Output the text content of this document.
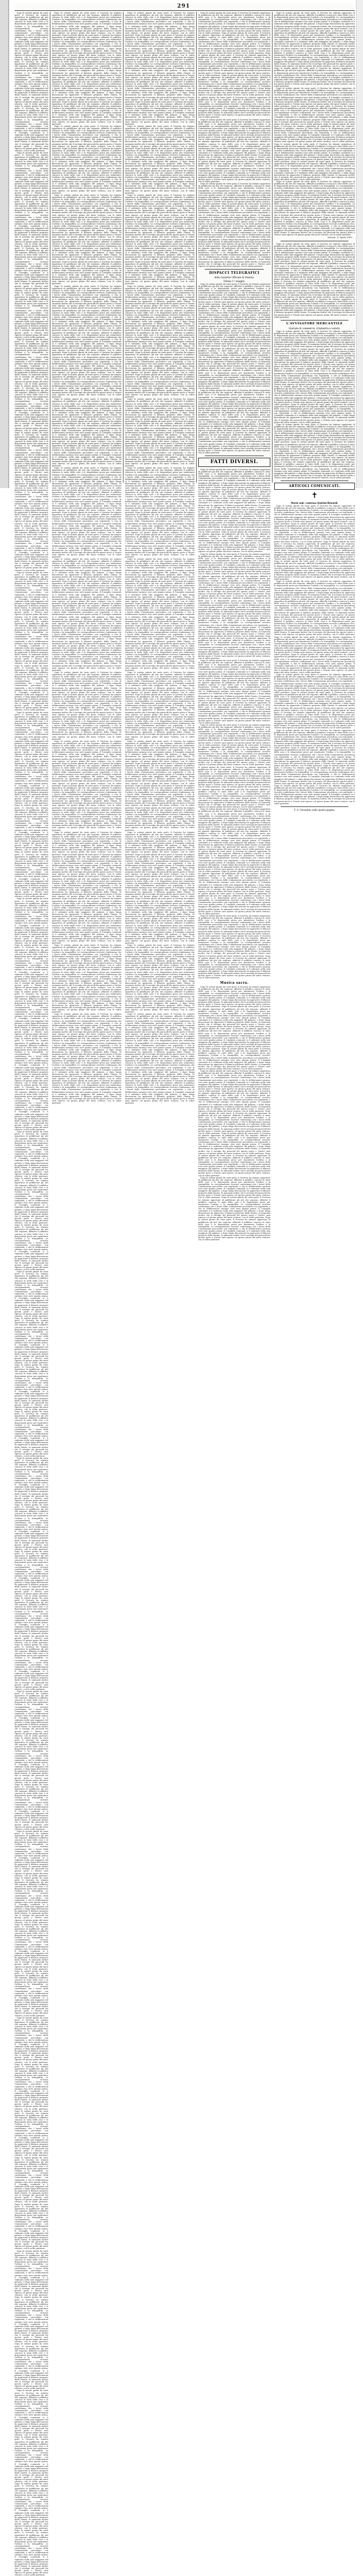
291

Dopo le notizie giunte da varie parti, il Governo ha stimato opportuno di pubblicare gli atti che seguono, affinchè il pubblico conosca lo stato delle cose e le disposizioni prese per mantenere l'ordine e la tranquillità. Le corrispondenze ricevute confermano che i lavori della Commissione procedono con regolarità, e che le deliberazioni saranno rese note quanto prima. Il Consiglio comunale si è radunato nella sala maggiore del palazzo, e dopo lunga discussione ha approvato il bilancio proposto dalla Giunta. Si annunzia inoltre che il servigio dei piroscafi fra questo porto e Trieste sarà ripreso col giorno primo del mese venturo, con le solite partenze. Dopo le notizie giunte da varie parti, il Governo ha stimato opportuno di pubblicare gli atti che seguono, affinchè il pubblico conosca lo stato delle cose e le disposizioni prese per mantenere l'ordine e la tranquillità. Le corrispondenze ricevute confermano che i lavori della Commissione procedono con regolarità, e che le deliberazioni saranno rese note quanto prima. Il Consiglio comunale si è radunato nella sala maggiore del palazzo, e dopo lunga discussione ha approvato il bilancio proposto dalla Giunta. Si annunzia inoltre che il servigio dei piroscafi fra questo porto e Trieste sarà ripreso col giorno primo del mese venturo, con le solite partenze. Dopo le notizie giunte da varie parti, il Governo ha stimato opportuno di pubblicare gli atti che seguono, affinchè il pubblico conosca lo stato delle cose e le disposizioni prese per mantenere l'ordine e la tranquillità. Le corrispondenze ricevute confermano che i lavori della Commissione procedono con regolarità, e che le deliberazioni saranno rese note quanto prima. Il Consiglio comunale si è radunato nella sala maggiore del palazzo, e dopo lunga discussione ha approvato il bilancio proposto dalla Giunta. Si annunzia inoltre che il servigio dei piroscafi fra questo porto e Trieste sarà ripreso col giorno primo del mese venturo, con le solite partenze.

Dopo le notizie giunte da varie parti, il Governo ha stimato opportuno di pubblicare gli atti che seguono, affinchè il pubblico conosca lo stato delle cose e le disposizioni prese per mantenere l'ordine e la tranquillità. Le corrispondenze ricevute confermano che i lavori della Commissione procedono con regolarità, e che le deliberazioni saranno rese note quanto prima. Il Consiglio comunale si è radunato nella sala maggiore del palazzo, e dopo lunga discussione ha approvato il bilancio proposto dalla Giunta. Si annunzia inoltre che il servigio dei piroscafi fra questo porto e Trieste sarà ripreso col giorno primo del mese venturo, con le solite partenze. Dopo le notizie giunte da varie parti, il Governo ha stimato opportuno di pubblicare gli atti che seguono, affinchè il pubblico conosca lo stato delle cose e le disposizioni prese per mantenere l'ordine e la tranquillità. Le corrispondenze ricevute confermano che i lavori della Commissione procedono con regolarità, e che le deliberazioni saranno rese note quanto prima. Il Consiglio comunale si è radunato nella sala maggiore del palazzo, e dopo lunga discussione ha approvato il bilancio proposto dalla Giunta. Si annunzia inoltre che il servigio dei piroscafi fra questo porto e Trieste sarà ripreso col giorno primo del mese venturo, con le solite partenze. Dopo le notizie giunte da varie parti, il Governo ha stimato opportuno di pubblicare gli atti che seguono, affinchè il pubblico conosca lo stato delle cose e le disposizioni prese per mantenere l'ordine e la tranquillità. Le corrispondenze ricevute confermano che i lavori della Commissione procedono con regolarità, e che le deliberazioni saranno rese note quanto prima. Il Consiglio comunale si è radunato nella sala maggiore del palazzo, e dopo lunga discussione ha approvato il bilancio proposto dalla Giunta. Si annunzia inoltre che il servigio dei piroscafi fra questo porto e Trieste sarà ripreso col giorno primo del mese venturo, con le solite partenze. Dopo le notizie giunte da varie parti, il Governo ha stimato opportuno di pubblicare gli atti che seguono, affinchè il pubblico conosca lo stato delle cose e le disposizioni prese per mantenere l'ordine e la tranquillità. Le corrispondenze ricevute confermano che i lavori della Commissione procedono con regolarità, e che le deliberazioni saranno rese note quanto prima. Il Consiglio comunale si è radunato nella sala maggiore del palazzo, e dopo lunga discussione ha approvato il bilancio proposto dalla Giunta. Si annunzia inoltre che il servigio dei piroscafi fra questo porto e Trieste sarà ripreso col giorno primo del mese venturo, con le solite partenze.

Dopo le notizie giunte da varie parti, il Governo ha stimato opportuno di pubblicare gli atti che seguono, affinchè il pubblico conosca lo stato delle cose e le disposizioni prese per mantenere l'ordine e la tranquillità. Le corrispondenze ricevute confermano che i lavori della Commissione procedono con regolarità, e che le deliberazioni saranno rese note quanto prima. Il Consiglio comunale si è radunato nella sala maggiore del palazzo, e dopo lunga discussione ha approvato il bilancio proposto dalla Giunta. Si annunzia inoltre che il servigio dei piroscafi fra questo porto e Trieste sarà ripreso col giorno primo del mese venturo, con le solite partenze. Dopo le notizie giunte da varie parti, il Governo ha stimato opportuno di pubblicare gli atti che seguono, affinchè il pubblico conosca lo stato delle cose e le disposizioni prese per mantenere l'ordine e la tranquillità. Le corrispondenze ricevute confermano che i lavori della Commissione procedono con regolarità, e che le deliberazioni saranno rese note quanto prima. Il Consiglio comunale si è radunato nella sala maggiore del palazzo, e dopo lunga discussione ha approvato il bilancio proposto dalla Giunta. Si annunzia inoltre che il servigio dei piroscafi fra questo porto e Trieste sarà ripreso col giorno primo del mese venturo, con le solite partenze. Dopo le notizie giunte da varie parti, il Governo ha stimato opportuno di pubblicare gli atti che seguono, affinchè il pubblico conosca lo stato delle cose e le disposizioni prese per mantenere l'ordine e la tranquillità. Le corrispondenze ricevute confermano che i lavori della Commissione procedono con regolarità, e che le deliberazioni saranno rese note quanto prima. Il Consiglio comunale si è radunato nella sala maggiore del palazzo, e dopo lunga discussione ha approvato il bilancio proposto dalla Giunta. Si annunzia inoltre che il servigio dei piroscafi fra questo porto e Trieste sarà ripreso col giorno primo del mese venturo, con le solite partenze. Dopo le notizie giunte da varie parti, il Governo ha stimato opportuno di pubblicare gli atti che seguono, affinchè il pubblico conosca lo stato delle cose e le disposizioni prese per mantenere l'ordine e la tranquillità. Le corrispondenze ricevute confermano che i lavori della Commissione procedono con regolarità, e che le deliberazioni saranno rese note quanto prima. Il Consiglio comunale si è radunato nella sala maggiore del palazzo, e dopo lunga discussione ha approvato il bilancio proposto dalla Giunta. Si annunzia inoltre che il servigio dei piroscafi fra questo porto e Trieste sarà ripreso col giorno primo del mese venturo, con le solite partenze. Dopo le notizie giunte da varie parti, il Governo ha stimato opportuno di pubblicare gli atti che seguono, affinchè il pubblico conosca lo stato delle cose e le disposizioni prese per mantenere l'ordine e la tranquillità. Le corrispondenze ricevute confermano che i lavori della Commissione procedono con regolarità, e che le deliberazioni saranno rese note quanto prima. Il Consiglio comunale si è radunato nella sala maggiore del palazzo, e dopo lunga discussione ha approvato il bilancio proposto dalla Giunta. Si annunzia inoltre che il servigio dei piroscafi fra questo porto e Trieste sarà ripreso col giorno primo del mese venturo, con le solite partenze.

Dopo le notizie giunte da varie parti, il Governo ha stimato opportuno di pubblicare gli atti che seguono, affinchè il pubblico conosca lo stato delle cose e le disposizioni prese per mantenere l'ordine e la tranquillità. Le corrispondenze ricevute confermano che i lavori della Commissione procedono con regolarità, e che le deliberazioni saranno rese note quanto prima. Il Consiglio comunale si è radunato nella sala maggiore del palazzo, e dopo lunga discussione ha approvato il bilancio proposto dalla Giunta. Si annunzia inoltre che il servigio dei piroscafi fra questo porto e Trieste sarà ripreso col giorno primo del mese venturo, con le solite partenze. Dopo le notizie giunte da varie parti, il Governo ha stimato opportuno di pubblicare gli atti che seguono, affinchè il pubblico conosca lo stato delle cose e le disposizioni prese per mantenere l'ordine e la tranquillità. Le corrispondenze ricevute confermano che i lavori della Commissione procedono con regolarità, e che le deliberazioni saranno rese note quanto prima. Il Consiglio comunale si è radunato nella sala maggiore del palazzo, e dopo lunga discussione ha approvato il bilancio proposto dalla Giunta. Si annunzia inoltre che il servigio dei piroscafi fra questo porto e Trieste sarà ripreso col giorno primo del mese venturo, con le solite partenze. Dopo le notizie giunte da varie parti, il Governo ha stimato opportuno di pubblicare gli atti che seguono, affinchè il pubblico conosca lo stato delle cose e le disposizioni prese per mantenere l'ordine e la tranquillità. Le corrispondenze ricevute confermano che i lavori della Commissione procedono con regolarità, e che le deliberazioni saranno rese note quanto prima. Il Consiglio comunale si è radunato nella sala maggiore del palazzo, e dopo lunga discussione ha approvato il bilancio proposto dalla Giunta. Si annunzia inoltre che il servigio dei piroscafi fra questo porto e Trieste sarà ripreso col giorno primo del mese venturo, con le solite partenze.

Dopo le notizie giunte da varie parti, il Governo ha stimato opportuno di pubblicare gli atti che seguono, affinchè il pubblico conosca lo stato delle cose e le disposizioni prese per mantenere l'ordine e la tranquillità. Le corrispondenze ricevute confermano che i lavori della Commissione procedono con regolarità, e che le deliberazioni saranno rese note quanto prima. Il Consiglio comunale si è radunato nella sala maggiore del palazzo, e dopo lunga discussione ha approvato il bilancio proposto dalla Giunta. Si annunzia inoltre che il servigio dei piroscafi fra questo porto e Trieste sarà ripreso col giorno primo del mese venturo, con le solite partenze. Dopo le notizie giunte da varie parti, il Governo ha stimato opportuno di pubblicare gli atti che seguono, affinchè il pubblico conosca lo stato delle cose e le disposizioni prese per mantenere l'ordine e la tranquillità. Le corrispondenze ricevute confermano che i lavori della Commissione procedono con regolarità, e che le deliberazioni saranno rese note quanto prima. Il Consiglio comunale si è radunato nella sala maggiore del palazzo, e dopo lunga discussione ha approvato il bilancio proposto dalla Giunta. Si annunzia inoltre che il servigio dei piroscafi fra questo porto e Trieste sarà ripreso col giorno primo del mese venturo, con le solite partenze. Dopo le notizie giunte da varie parti, il Governo ha stimato opportuno di pubblicare gli atti che seguono, affinchè il pubblico conosca lo stato delle cose e le disposizioni prese per mantenere l'ordine e la tranquillità. Le corrispondenze ricevute confermano che i lavori della Commissione procedono con regolarità, e che le deliberazioni saranno rese note quanto prima. Il Consiglio comunale si è radunato nella sala maggiore del palazzo, e dopo lunga discussione ha approvato il bilancio proposto dalla Giunta. Si annunzia inoltre che il servigio dei piroscafi fra questo porto e Trieste sarà ripreso col giorno primo del mese venturo, con le solite partenze. Dopo le notizie giunte da varie parti, il Governo ha stimato opportuno di pubblicare gli atti che seguono, affinchè il pubblico conosca lo stato delle cose e le disposizioni prese per mantenere l'ordine e la tranquillità. Le corrispondenze ricevute confermano che i lavori della Commissione procedono con regolarità, e che le deliberazioni saranno rese note quanto prima. Il Consiglio comunale si è radunato nella sala maggiore del palazzo, e dopo lunga discussione ha approvato il bilancio proposto dalla Giunta. Si annunzia inoltre che il servigio dei piroscafi fra questo porto e Trieste sarà ripreso col giorno primo del mese venturo, con le solite partenze.

Dopo le notizie giunte da varie parti, il Governo ha stimato opportuno di pubblicare gli atti che seguono, affinchè il pubblico conosca lo stato delle cose e le disposizioni prese per mantenere l'ordine e la tranquillità. Le corrispondenze ricevute confermano che i lavori della Commissione procedono con regolarità, e che le deliberazioni saranno rese note quanto prima. Il Consiglio comunale si è radunato nella sala maggiore del palazzo, e dopo lunga discussione ha approvato il bilancio proposto dalla Giunta. Si annunzia inoltre che il servigio dei piroscafi fra questo porto e Trieste sarà ripreso col giorno primo del mese venturo, con le solite partenze. Dopo le notizie giunte da varie parti, il Governo ha stimato opportuno di pubblicare gli atti che seguono, affinchè il pubblico conosca lo stato delle cose e le disposizioni prese per mantenere l'ordine e la tranquillità. Le corrispondenze ricevute confermano che i lavori della Commissione procedono con regolarità, e che le deliberazioni saranno rese note quanto prima. Il Consiglio comunale si è radunato nella sala maggiore del palazzo, e dopo lunga discussione ha approvato il bilancio proposto dalla Giunta. Si annunzia inoltre che il servigio dei piroscafi fra questo porto e Trieste sarà ripreso col giorno primo del mese venturo, con le solite partenze. Dopo le notizie giunte da varie parti, il Governo ha stimato opportuno di pubblicare gli atti che seguono, affinchè il pubblico conosca lo stato delle cose e le disposizioni prese per mantenere l'ordine e la tranquillità. Le corrispondenze ricevute confermano che i lavori della Commissione procedono con regolarità, e che le deliberazioni saranno rese note quanto prima. Il Consiglio comunale si è radunato nella sala maggiore del palazzo, e dopo lunga discussione ha approvato il bilancio proposto dalla Giunta. Si annunzia inoltre che il servigio dei piroscafi fra questo porto e Trieste sarà ripreso col giorno primo del mese venturo, con le solite partenze. Dopo le notizie giunte da varie parti, il Governo ha stimato opportuno di pubblicare gli atti che seguono, affinchè il pubblico conosca lo stato delle cose e le disposizioni prese per mantenere l'ordine e la tranquillità. Le corrispondenze ricevute confermano che i lavori della Commissione procedono con regolarità, e che le deliberazioni saranno rese note quanto prima. Il Consiglio comunale si è radunato nella sala maggiore del palazzo, e dopo lunga discussione ha approvato il bilancio proposto dalla Giunta. Si annunzia inoltre che il servigio dei piroscafi fra questo porto e Trieste sarà ripreso col giorno primo del mese venturo, con le solite partenze. Dopo le notizie giunte da varie parti, il Governo ha stimato opportuno di pubblicare gli atti che seguono, affinchè il pubblico conosca lo stato delle cose e le disposizioni prese per mantenere l'ordine e la tranquillità. Le corrispondenze ricevute confermano che i lavori della Commissione procedono con regolarità, e che le deliberazioni saranno rese note quanto prima. Il Consiglio comunale si è radunato nella sala maggiore del palazzo, e dopo lunga discussione ha approvato il bilancio proposto dalla Giunta. Si annunzia inoltre che il servigio dei piroscafi fra questo porto e Trieste sarà ripreso col giorno primo del mese venturo, con le solite partenze.

Dopo le notizie giunte da varie parti, il Governo ha stimato opportuno di pubblicare gli atti che seguono, affinchè il pubblico conosca lo stato delle cose e le disposizioni prese per mantenere l'ordine e la tranquillità. Le corrispondenze ricevute confermano che i lavori della Commissione procedono con regolarità, e che le deliberazioni saranno rese note quanto prima. Il Consiglio comunale si è radunato nella sala maggiore del palazzo, e dopo lunga discussione ha approvato il bilancio proposto dalla Giunta. Si annunzia inoltre che il servigio dei piroscafi fra questo porto e Trieste sarà ripreso col giorno primo del mese venturo, con le solite partenze. Dopo le notizie giunte da varie parti, il Governo ha stimato opportuno di pubblicare gli atti che seguono, affinchè il pubblico conosca lo stato delle cose e le disposizioni prese per mantenere l'ordine e la tranquillità. Le corrispondenze ricevute confermano che i lavori della Commissione procedono con regolarità, e che le deliberazioni saranno rese note quanto prima. Il Consiglio comunale si è radunato nella sala maggiore del palazzo, e dopo lunga discussione ha approvato il bilancio proposto dalla Giunta. Si annunzia inoltre che il servigio dei piroscafi fra questo porto e Trieste sarà ripreso col giorno primo del mese venturo, con le solite partenze. Dopo le notizie giunte da varie parti, il Governo ha stimato opportuno di pubblicare gli atti che seguono, affinchè il pubblico conosca lo stato delle cose e le disposizioni prese per mantenere l'ordine e la tranquillità. Le corrispondenze ricevute confermano che i lavori della Commissione procedono con regolarità, e che le deliberazioni saranno rese note quanto prima. Il Consiglio comunale si è radunato nella sala maggiore del palazzo, e dopo lunga discussione ha approvato il bilancio proposto dalla Giunta. Si annunzia inoltre che il servigio dei piroscafi fra questo porto e Trieste sarà ripreso col giorno primo del mese venturo, con le solite partenze.

Dopo le notizie giunte da varie parti, il Governo ha stimato opportuno di pubblicare gli atti che seguono, affinchè il pubblico conosca lo stato delle cose e le disposizioni prese per mantenere l'ordine e la tranquillità. Le corrispondenze ricevute confermano che i lavori della Commissione procedono con regolarità, e che le deliberazioni saranno rese note quanto prima. Il Consiglio comunale si è radunato nella sala maggiore del palazzo, e dopo lunga discussione ha approvato il bilancio proposto dalla Giunta. Si annunzia inoltre che il servigio dei piroscafi fra questo porto e Trieste sarà ripreso col giorno primo del mese venturo, con le solite partenze. Dopo le notizie giunte da varie parti, il Governo ha stimato opportuno di pubblicare gli atti che seguono, affinchè il pubblico conosca lo stato delle cose e le disposizioni prese per mantenere l'ordine e la tranquillità. Le corrispondenze ricevute confermano che i lavori della Commissione procedono con regolarità, e che le deliberazioni saranno rese note quanto prima. Il Consiglio comunale si è radunato nella sala maggiore del palazzo, e dopo lunga discussione ha approvato il bilancio proposto dalla Giunta. Si annunzia inoltre che il servigio dei piroscafi fra questo porto e Trieste sarà ripreso col giorno primo del mese venturo, con le solite partenze. Dopo le notizie giunte da varie parti, il Governo ha stimato opportuno di pubblicare gli atti che seguono, affinchè il pubblico conosca lo stato delle cose e le disposizioni prese per mantenere l'ordine e la tranquillità. Le corrispondenze ricevute confermano che i lavori della Commissione procedono con regolarità, e che le deliberazioni saranno rese note quanto prima. Il Consiglio comunale si è radunato nella sala maggiore del palazzo, e dopo lunga discussione ha approvato il bilancio proposto dalla Giunta. Si annunzia inoltre che il servigio dei piroscafi fra questo porto e Trieste sarà ripreso col giorno primo del mese venturo, con le solite partenze. Dopo le notizie giunte da varie parti, il Governo ha stimato opportuno di pubblicare gli atti che seguono, affinchè il pubblico conosca lo stato delle cose e le disposizioni prese per mantenere l'ordine e la tranquillità. Le corrispondenze ricevute confermano che i lavori della Commissione procedono con regolarità, e che le deliberazioni saranno rese note quanto prima. Il Consiglio comunale si è radunato nella sala maggiore del palazzo, e dopo lunga discussione ha approvato il bilancio proposto dalla Giunta. Si annunzia inoltre che il servigio dei piroscafi fra questo porto e Trieste sarà ripreso col giorno primo del mese venturo, con le solite partenze.

Dopo le notizie giunte da varie parti, il Governo ha stimato opportuno di pubblicare gli atti che seguono, affinchè il pubblico conosca lo stato delle cose e le disposizioni prese per mantenere l'ordine e la tranquillità. Le corrispondenze ricevute confermano che i lavori della Commissione procedono con regolarità, e che le deliberazioni saranno rese note quanto prima. Il Consiglio comunale si è radunato nella sala maggiore del palazzo, e dopo lunga discussione ha approvato il bilancio proposto dalla Giunta. Si annunzia inoltre che il servigio dei piroscafi fra questo porto e Trieste sarà ripreso col giorno primo del mese venturo, con le solite partenze. Dopo le notizie giunte da varie parti, il Governo ha stimato opportuno di pubblicare gli atti che seguono, affinchè il pubblico conosca lo stato delle cose e le disposizioni prese per mantenere l'ordine e la tranquillità. Le corrispondenze ricevute confermano che i lavori della Commissione procedono con regolarità, e che le deliberazioni saranno rese note quanto prima. Il Consiglio comunale si è radunato nella sala maggiore del palazzo, e dopo lunga discussione ha approvato il bilancio proposto dalla Giunta. Si annunzia inoltre che il servigio dei piroscafi fra questo porto e Trieste sarà ripreso col giorno primo del mese venturo, con le solite partenze. Dopo le notizie giunte da varie parti, il Governo ha stimato opportuno di pubblicare gli atti che seguono, affinchè il pubblico conosca lo stato delle cose e le disposizioni prese per mantenere l'ordine e la tranquillità. Le corrispondenze ricevute confermano che i lavori della Commissione procedono con regolarità, e che le deliberazioni saranno rese note quanto prima. Il Consiglio comunale si è radunato nella sala maggiore del palazzo, e dopo lunga discussione ha approvato il bilancio proposto dalla Giunta. Si annunzia inoltre che il servigio dei piroscafi fra questo porto e Trieste sarà ripreso col giorno primo del mese venturo, con le solite partenze. Dopo le notizie giunte da varie parti, il Governo ha stimato opportuno di pubblicare gli atti che seguono, affinchè il pubblico conosca lo stato delle cose e le disposizioni prese per mantenere l'ordine e la tranquillità. Le corrispondenze ricevute confermano che i lavori della Commissione procedono con regolarità, e che le deliberazioni saranno rese note quanto prima. Il Consiglio comunale si è radunato nella sala maggiore del palazzo, e dopo lunga discussione ha approvato il bilancio proposto dalla Giunta. Si annunzia inoltre che il servigio dei piroscafi fra questo porto e Trieste sarà ripreso col giorno primo del mese venturo, con le solite partenze. Dopo le notizie giunte da varie parti, il Governo ha stimato opportuno di pubblicare gli atti che seguono, affinchè il pubblico conosca lo stato delle cose e le disposizioni prese per mantenere l'ordine e la tranquillità. Le corrispondenze ricevute confermano che i lavori della Commissione procedono con regolarità, e che le deliberazioni saranno rese note quanto prima. Il Consiglio comunale si è radunato nella sala maggiore del palazzo, e dopo lunga discussione ha approvato il bilancio proposto dalla Giunta. Si annunzia inoltre che il servigio dei piroscafi fra questo porto e Trieste sarà ripreso col giorno primo del mese venturo, con le solite partenze.

Dopo le notizie giunte da varie parti, il Governo ha stimato opportuno di pubblicare gli atti che seguono, affinchè il pubblico conosca lo stato delle cose e le disposizioni prese per mantenere l'ordine e la tranquillità. Le corrispondenze ricevute confermano che i lavori della Commissione procedono con regolarità, e che le deliberazioni saranno rese note quanto prima. Il Consiglio comunale si è radunato nella sala maggiore del palazzo, e dopo lunga discussione ha approvato il bilancio proposto dalla Giunta. Si annunzia inoltre che il servigio dei piroscafi fra questo porto e Trieste sarà ripreso col giorno primo del mese venturo, con le solite partenze. Dopo le notizie giunte da varie parti, il Governo ha stimato opportuno di pubblicare gli atti che seguono, affinchè il pubblico conosca lo stato delle cose e le disposizioni prese per mantenere l'ordine e la tranquillità. Le corrispondenze ricevute confermano che i lavori della Commissione procedono con regolarità, e che le deliberazioni saranno rese note quanto prima. Il Consiglio comunale si è radunato nella sala maggiore del palazzo, e dopo lunga discussione ha approvato il bilancio proposto dalla Giunta. Si annunzia inoltre che il servigio dei piroscafi fra questo porto e Trieste sarà ripreso col giorno primo del mese venturo, con le solite partenze. Dopo le notizie giunte da varie parti, il Governo ha stimato opportuno di pubblicare gli atti che seguono, affinchè il pubblico conosca lo stato delle cose e le disposizioni prese per mantenere l'ordine e la tranquillità. Le corrispondenze ricevute confermano che i lavori della Commissione procedono con regolarità, e che le deliberazioni saranno rese note quanto prima. Il Consiglio comunale si è radunato nella sala maggiore del palazzo, e dopo lunga discussione ha approvato il bilancio proposto dalla Giunta. Si annunzia inoltre che il servigio dei piroscafi fra questo porto e Trieste sarà ripreso col giorno primo del mese venturo, con le solite partenze.

Dopo le notizie giunte da varie parti, il Governo ha stimato opportuno di pubblicare gli atti che seguono, affinchè il pubblico conosca lo stato delle cose e le disposizioni prese per mantenere l'ordine e la tranquillità. Le corrispondenze ricevute confermano che i lavori della Commissione procedono con regolarità, e che le deliberazioni saranno rese note quanto prima. Il Consiglio comunale si è radunato nella sala maggiore del palazzo, e dopo lunga discussione ha approvato il bilancio proposto dalla Giunta. Si annunzia inoltre che il servigio dei piroscafi fra questo porto e Trieste sarà ripreso col giorno primo del mese venturo, con le solite partenze. Dopo le notizie giunte da varie parti, il Governo ha stimato opportuno di pubblicare gli atti che seguono, affinchè il pubblico conosca lo stato delle cose e le disposizioni prese per mantenere l'ordine e la tranquillità. Le corrispondenze ricevute confermano che i lavori della Commissione procedono con regolarità, e che le deliberazioni saranno rese note quanto prima. Il Consiglio comunale si è radunato nella sala maggiore del palazzo, e dopo lunga discussione ha approvato il bilancio proposto dalla Giunta. Si annunzia inoltre che il servigio dei piroscafi fra questo porto e Trieste sarà ripreso col giorno primo del mese venturo, con le solite partenze. Dopo le notizie giunte da varie parti, il Governo ha stimato opportuno di pubblicare gli atti che seguono, affinchè il pubblico conosca lo stato delle cose e le disposizioni prese per mantenere l'ordine e la tranquillità. Le corrispondenze ricevute confermano che i lavori della Commissione procedono con regolarità, e che le deliberazioni saranno rese note quanto prima. Il Consiglio comunale si è radunato nella sala maggiore del palazzo, e dopo lunga discussione ha approvato il bilancio proposto dalla Giunta. Si annunzia inoltre che il servigio dei piroscafi fra questo porto e Trieste sarà ripreso col giorno primo del mese venturo, con le solite partenze. Dopo le notizie giunte da varie parti, il Governo ha stimato opportuno di pubblicare gli atti che seguono, affinchè il pubblico conosca lo stato delle cose e le disposizioni prese per mantenere l'ordine e la tranquillità. Le corrispondenze ricevute confermano che i lavori della Commissione procedono con regolarità, e che le deliberazioni saranno rese note quanto prima. Il Consiglio comunale si è radunato nella sala maggiore del palazzo, e dopo lunga discussione ha approvato il bilancio proposto dalla Giunta. Si annunzia inoltre che il servigio dei piroscafi fra questo porto e Trieste sarà ripreso col giorno primo del mese venturo, con le solite partenze.

Dopo le notizie giunte da varie parti, il Governo ha stimato opportuno di pubblicare gli atti che seguono, affinchè il pubblico conosca lo stato delle cose e le disposizioni prese per mantenere l'ordine e la tranquillità. Le corrispondenze ricevute confermano che i lavori della Commissione procedono con regolarità, e che le deliberazioni saranno rese note quanto prima. Il Consiglio comunale si è radunato nella sala maggiore del palazzo, e dopo lunga discussione ha approvato il bilancio proposto dalla Giunta. Si annunzia inoltre che il servigio dei piroscafi fra questo porto e Trieste sarà ripreso col giorno primo del mese venturo, con le solite partenze. Dopo le notizie giunte da varie parti, il Governo ha stimato opportuno di pubblicare gli atti che seguono, affinchè il pubblico conosca lo stato delle cose e le disposizioni prese per mantenere l'ordine e la tranquillità. Le corrispondenze ricevute confermano che i lavori della Commissione procedono con regolarità, e che le deliberazioni saranno rese note quanto prima. Il Consiglio comunale si è radunato nella sala maggiore del palazzo, e dopo lunga discussione ha approvato il bilancio proposto dalla Giunta. Si annunzia inoltre che il servigio dei piroscafi fra questo porto e Trieste sarà ripreso col giorno primo del mese venturo, con le solite partenze. Dopo le notizie giunte da varie parti, il Governo ha stimato opportuno di pubblicare gli atti che seguono, affinchè il pubblico conosca lo stato delle cose e le disposizioni prese per mantenere l'ordine e la tranquillità. Le corrispondenze ricevute confermano che i lavori della Commissione procedono con regolarità, e che le deliberazioni saranno rese note quanto prima. Il Consiglio comunale si è radunato nella sala maggiore del palazzo, e dopo lunga discussione ha approvato il bilancio proposto dalla Giunta. Si annunzia inoltre che il servigio dei piroscafi fra questo porto e Trieste sarà ripreso col giorno primo del mese venturo, con le solite partenze. Dopo le notizie giunte da varie parti, il Governo ha stimato opportuno di pubblicare gli atti che seguono, affinchè il pubblico conosca lo stato delle cose e le disposizioni prese per mantenere l'ordine e la tranquillità. Le corrispondenze ricevute confermano che i lavori della Commissione procedono con regolarità, e che le deliberazioni saranno rese note quanto prima. Il Consiglio comunale si è radunato nella sala maggiore del palazzo, e dopo lunga discussione ha approvato il bilancio proposto dalla Giunta. Si annunzia inoltre che il servigio dei piroscafi fra questo porto e Trieste sarà ripreso col giorno primo del mese venturo, con le solite partenze. Dopo le notizie giunte da varie parti, il Governo ha stimato opportuno di pubblicare gli atti che seguono, affinchè il pubblico conosca lo stato delle cose e le disposizioni prese per mantenere l'ordine e la tranquillità. Le corrispondenze ricevute confermano che i lavori della Commissione procedono con regolarità, e che le deliberazioni saranno rese note quanto prima. Il Consiglio comunale si è radunato nella sala maggiore del palazzo, e dopo lunga discussione ha approvato il bilancio proposto dalla Giunta. Si annunzia inoltre che il servigio dei piroscafi fra questo porto e Trieste sarà ripreso col giorno primo del mese venturo, con le solite partenze.

Dopo le notizie giunte da varie parti, il Governo ha stimato opportuno di pubblicare gli atti che seguono, affinchè il pubblico conosca lo stato delle cose e le disposizioni prese per mantenere l'ordine e la tranquillità. Le corrispondenze ricevute confermano che i lavori della Commissione procedono con regolarità, e che le deliberazioni saranno rese note quanto prima. Il Consiglio comunale si è radunato nella sala maggiore del palazzo, e dopo lunga discussione ha approvato il bilancio proposto dalla Giunta. Si annunzia inoltre che il servigio dei piroscafi fra questo porto e Trieste sarà ripreso col giorno primo del mese venturo, con le solite partenze. Dopo le notizie giunte da varie parti, il Governo ha stimato opportuno di pubblicare gli atti che seguono, affinchè il pubblico conosca lo stato delle cose e le disposizioni prese per mantenere l'ordine e la tranquillità. Le corrispondenze ricevute confermano che i lavori della Commissione procedono con regolarità, e che le deliberazioni saranno rese note quanto prima. Il Consiglio comunale si è radunato nella sala maggiore del palazzo, e dopo lunga discussione ha approvato il bilancio proposto dalla Giunta. Si annunzia inoltre che il servigio dei piroscafi fra questo porto e Trieste sarà ripreso col giorno primo del mese venturo, con le solite partenze. Dopo le notizie giunte da varie parti, il Governo ha stimato opportuno di pubblicare gli atti che seguono, affinchè il pubblico conosca lo stato delle cose e le disposizioni prese per mantenere l'ordine e la tranquillità. Le corrispondenze ricevute confermano che i lavori della Commissione procedono con regolarità, e che le deliberazioni saranno rese note quanto prima. Il Consiglio comunale si è radunato nella sala maggiore del palazzo, e dopo lunga discussione ha approvato il bilancio proposto dalla Giunta. Si annunzia inoltre che il servigio dei piroscafi fra questo porto e Trieste sarà ripreso col giorno primo del mese venturo, con le solite partenze.

Dopo le notizie giunte da varie parti, il Governo ha stimato opportuno di pubblicare gli atti che seguono, affinchè il pubblico conosca lo stato delle cose e le disposizioni prese per mantenere l'ordine e la tranquillità. Le corrispondenze ricevute confermano che i lavori della Commissione procedono con regolarità, e che le deliberazioni saranno rese note quanto prima. Il Consiglio comunale si è radunato nella sala maggiore del palazzo, e dopo lunga discussione ha approvato il bilancio proposto dalla Giunta. Si annunzia inoltre che il servigio dei piroscafi fra questo porto e Trieste sarà ripreso col giorno primo del mese venturo, con le solite partenze. Dopo le notizie giunte da varie parti, il Governo ha stimato opportuno di pubblicare gli atti che seguono, affinchè il pubblico conosca lo stato delle cose e le disposizioni prese per mantenere l'ordine e la tranquillità. Le corrispondenze ricevute confermano che i lavori della Commissione procedono con regolarità, e che le deliberazioni saranno rese note quanto prima. Il Consiglio comunale si è radunato nella sala maggiore del palazzo, e dopo lunga discussione ha approvato il bilancio proposto dalla Giunta. Si annunzia inoltre che il servigio dei piroscafi fra questo porto e Trieste sarà ripreso col giorno primo del mese venturo, con le solite partenze. Dopo le notizie giunte da varie parti, il Governo ha stimato opportuno di pubblicare gli atti che seguono, affinchè il pubblico conosca lo stato delle cose e le disposizioni prese per mantenere l'ordine e la tranquillità. Le corrispondenze ricevute confermano che i lavori della Commissione procedono con regolarità, e che le deliberazioni saranno rese note quanto prima. Il Consiglio comunale si è radunato nella sala maggiore del palazzo, e dopo lunga discussione ha approvato il bilancio proposto dalla Giunta. Si annunzia inoltre che il servigio dei piroscafi fra questo porto e Trieste sarà ripreso col giorno primo del mese venturo, con le solite partenze. Dopo le notizie giunte da varie parti, il Governo ha stimato opportuno di pubblicare gli atti che seguono, affinchè il pubblico conosca lo stato delle cose e le disposizioni prese per mantenere l'ordine e la tranquillità. Le corrispondenze ricevute confermano che i lavori della Commissione procedono con regolarità, e che le deliberazioni saranno rese note quanto prima. Il Consiglio comunale si è radunato nella sala maggiore del palazzo, e dopo lunga discussione ha approvato il bilancio proposto dalla Giunta. Si annunzia inoltre che il servigio dei piroscafi fra questo porto e Trieste sarà ripreso col giorno primo del mese venturo, con le solite partenze.

Dopo le notizie giunte da varie parti, il Governo ha stimato opportuno di pubblicare gli atti che seguono, affinchè il pubblico conosca lo stato delle cose e le disposizioni prese per mantenere l'ordine e la tranquillità. Le corrispondenze ricevute confermano che i lavori della Commissione procedono con regolarità, e che le deliberazioni saranno rese note quanto prima. Il Consiglio comunale si è radunato nella sala maggiore del palazzo, e dopo lunga discussione ha approvato il bilancio proposto dalla Giunta. Si annunzia inoltre che il servigio dei piroscafi fra questo porto e Trieste sarà ripreso col giorno primo del mese venturo, con le solite partenze. Dopo le notizie giunte da varie parti, il Governo ha stimato opportuno di pubblicare gli atti che seguono, affinchè il pubblico conosca lo stato delle cose e le disposizioni prese per mantenere l'ordine e la tranquillità. Le corrispondenze ricevute confermano che i lavori della Commissione procedono con regolarità, e che le deliberazioni saranno rese note quanto prima. Il Consiglio comunale si è radunato nella sala maggiore del palazzo, e dopo lunga discussione ha approvato il bilancio proposto dalla Giunta. Si annunzia inoltre che il servigio dei piroscafi fra questo porto e Trieste sarà ripreso col giorno primo del mese venturo, con le solite partenze. Dopo le notizie giunte da varie parti, il Governo ha stimato opportuno di pubblicare gli atti che seguono, affinchè il pubblico conosca lo stato delle cose e le disposizioni prese per mantenere l'ordine e la tranquillità. Le corrispondenze ricevute confermano che i lavori della Commissione procedono con regolarità, e che le deliberazioni saranno rese note quanto prima. Il Consiglio comunale si è radunato nella sala maggiore del palazzo, e dopo lunga discussione ha approvato il bilancio proposto dalla Giunta. Si annunzia inoltre che il servigio dei piroscafi fra questo porto e Trieste sarà ripreso col giorno primo del mese venturo, con le solite partenze. Dopo le notizie giunte da varie parti, il Governo ha stimato opportuno di pubblicare gli atti che seguono, affinchè il pubblico conosca lo stato delle cose e le disposizioni prese per mantenere l'ordine e la tranquillità. Le corrispondenze ricevute confermano che i lavori della Commissione procedono con regolarità, e che le deliberazioni saranno rese note quanto prima. Il Consiglio comunale si è radunato nella sala maggiore del palazzo, e dopo lunga discussione ha approvato il bilancio proposto dalla Giunta. Si annunzia inoltre che il servigio dei piroscafi fra questo porto e Trieste sarà ripreso col giorno primo del mese venturo, con le solite partenze. Dopo le notizie giunte da varie parti, il Governo ha stimato opportuno di pubblicare gli atti che seguono, affinchè il pubblico conosca lo stato delle cose e le disposizioni prese per mantenere l'ordine e la tranquillità. Le corrispondenze ricevute confermano che i lavori della Commissione procedono con regolarità, e che le deliberazioni saranno rese note quanto prima. Il Consiglio comunale si è radunato nella sala maggiore del palazzo, e dopo lunga discussione ha approvato il bilancio proposto dalla Giunta. Si annunzia inoltre che il servigio dei piroscafi fra questo porto e Trieste sarà ripreso col giorno primo del mese venturo, con le solite partenze.

Dopo le notizie giunte da varie parti, il Governo ha stimato opportuno di pubblicare gli atti che seguono, affinchè il pubblico conosca lo stato delle cose e le disposizioni prese per mantenere l'ordine e la tranquillità. Le corrispondenze ricevute confermano che i lavori della Commissione procedono con regolarità, e che le deliberazioni saranno rese note quanto prima. Il Consiglio comunale si è radunato nella sala maggiore del palazzo, e dopo lunga discussione ha approvato il bilancio proposto dalla Giunta. Si annunzia inoltre che il servigio dei piroscafi fra questo porto e Trieste sarà ripreso col giorno primo del mese venturo, con le solite partenze. Dopo le notizie giunte da varie parti, il Governo ha stimato opportuno di pubblicare gli atti che seguono, affinchè il pubblico conosca lo stato delle cose e le disposizioni prese per mantenere l'ordine e la tranquillità. Le corrispondenze ricevute confermano che i lavori della Commissione procedono con regolarità, e che le deliberazioni saranno rese note quanto prima. Il Consiglio comunale si è radunato nella sala maggiore del palazzo, e dopo lunga discussione ha approvato il bilancio proposto dalla Giunta. Si annunzia inoltre che il servigio dei piroscafi fra questo porto e Trieste sarà ripreso col giorno primo del mese venturo, con le solite partenze. Dopo le notizie giunte da varie parti, il Governo ha stimato opportuno di pubblicare gli atti che seguono, affinchè il pubblico conosca lo stato delle cose e le disposizioni prese per mantenere l'ordine e la tranquillità. Le corrispondenze ricevute confermano che i lavori della Commissione procedono con regolarità, e che le deliberazioni saranno rese note quanto prima. Il Consiglio comunale si è radunato nella sala maggiore del palazzo, e dopo lunga discussione ha approvato il bilancio proposto dalla Giunta. Si annunzia inoltre che il servigio dei piroscafi fra questo porto e Trieste sarà ripreso col giorno primo del mese venturo, con le solite partenze.

Dopo le notizie giunte da varie parti, il Governo ha stimato opportuno di pubblicare gli atti che seguono, affinchè il pubblico conosca lo stato delle cose e le disposizioni prese per mantenere l'ordine e la tranquillità. Le corrispondenze ricevute confermano che i lavori della Commissione procedono con regolarità, e che le deliberazioni saranno rese note quanto prima. Il Consiglio comunale si è radunato nella sala maggiore del palazzo, e dopo lunga discussione ha approvato il bilancio proposto dalla Giunta. Si annunzia inoltre che il servigio dei piroscafi fra questo porto e Trieste sarà ripreso col giorno primo del mese venturo, con le solite partenze. Dopo le notizie giunte da varie parti, il Governo ha stimato opportuno di pubblicare gli atti che seguono, affinchè il pubblico conosca lo stato delle cose e le disposizioni prese per mantenere l'ordine e la tranquillità. Le corrispondenze ricevute confermano che i lavori della Commissione procedono con regolarità, e che le deliberazioni saranno rese note quanto prima. Il Consiglio comunale si è radunato nella sala maggiore del palazzo, e dopo lunga discussione ha approvato il bilancio proposto dalla Giunta. Si annunzia inoltre che il servigio dei piroscafi fra questo porto e Trieste sarà ripreso col giorno primo del mese venturo, con le solite partenze. Dopo le notizie giunte da varie parti, il Governo ha stimato opportuno di pubblicare gli atti che seguono, affinchè il pubblico conosca lo stato delle cose e le disposizioni prese per mantenere l'ordine e la tranquillità. Le corrispondenze ricevute confermano che i lavori della Commissione procedono con regolarità, e che le deliberazioni saranno rese note quanto prima. Il Consiglio comunale si è radunato nella sala maggiore del palazzo, e dopo lunga discussione ha approvato il bilancio proposto dalla Giunta. Si annunzia inoltre che il servigio dei piroscafi fra questo porto e Trieste sarà ripreso col giorno primo del mese venturo, con le solite partenze. Dopo le notizie giunte da varie parti, il Governo ha stimato opportuno di pubblicare gli atti che seguono, affinchè il pubblico conosca lo stato delle cose e le disposizioni prese per mantenere l'ordine e la tranquillità. Le corrispondenze ricevute confermano che i lavori della Commissione procedono con regolarità, e che le deliberazioni saranno rese note quanto prima. Il Consiglio comunale si è radunato nella sala maggiore del palazzo, e dopo lunga discussione ha approvato il bilancio proposto dalla Giunta. Si annunzia inoltre che il servigio dei piroscafi fra questo porto e Trieste sarà ripreso col giorno primo del mese venturo, con le solite partenze.

Dopo le notizie giunte da varie parti, il Governo ha stimato opportuno di pubblicare gli atti che seguono, affinchè il pubblico conosca lo stato delle cose e le disposizioni prese per mantenere l'ordine e la tranquillità. Le corrispondenze ricevute confermano che i lavori della Commissione procedono con regolarità, e che le deliberazioni saranno rese note quanto prima. Il Consiglio comunale si è radunato nella sala maggiore del palazzo, e dopo lunga discussione ha approvato il bilancio proposto dalla Giunta. Si annunzia inoltre che il servigio dei piroscafi fra questo porto e Trieste sarà ripreso col giorno primo del mese venturo, con le solite partenze. Dopo le notizie giunte da varie parti, il Governo ha stimato opportuno di pubblicare gli atti che seguono, affinchè il pubblico conosca lo stato delle cose e le disposizioni prese per mantenere l'ordine e la tranquillità. Le corrispondenze ricevute confermano che i lavori della Commissione procedono con regolarità, e che le deliberazioni saranno rese note quanto prima. Il Consiglio comunale si è radunato nella sala maggiore del palazzo, e dopo lunga discussione ha approvato il bilancio proposto dalla Giunta. Si annunzia inoltre che il servigio dei piroscafi fra questo porto e Trieste sarà ripreso col giorno primo del mese venturo, con le solite partenze. Dopo le notizie giunte da varie parti, il Governo ha stimato opportuno di pubblicare gli atti che seguono, affinchè il pubblico conosca lo stato delle cose e le disposizioni prese per mantenere l'ordine e la tranquillità. Le corrispondenze ricevute confermano che i lavori della Commissione procedono con regolarità, e che le deliberazioni saranno rese note quanto prima. Il Consiglio comunale si è radunato nella sala maggiore del palazzo, e dopo lunga discussione ha approvato il bilancio proposto dalla Giunta. Si annunzia inoltre che il servigio dei piroscafi fra questo porto e Trieste sarà ripreso col giorno primo del mese venturo, con le solite partenze. Dopo le notizie giunte da varie parti, il Governo ha stimato opportuno di pubblicare gli atti che seguono, affinchè il pubblico conosca lo stato delle cose e le disposizioni prese per mantenere l'ordine e la tranquillità. Le corrispondenze ricevute confermano che i lavori della Commissione procedono con regolarità, e che le deliberazioni saranno rese note quanto prima. Il Consiglio comunale si è radunato nella sala maggiore del palazzo, e dopo lunga discussione ha approvato il bilancio proposto dalla Giunta. Si annunzia inoltre che il servigio dei piroscafi fra questo porto e Trieste sarà ripreso col giorno primo del mese venturo, con le solite partenze. Dopo le notizie giunte da varie parti, il Governo ha stimato opportuno di pubblicare gli atti che seguono, affinchè il pubblico conosca lo stato delle cose e le disposizioni prese per mantenere l'ordine e la tranquillità. Le corrispondenze ricevute confermano che i lavori della Commissione procedono con regolarità, e che le deliberazioni saranno rese note quanto prima. Il Consiglio comunale si è radunato nella sala maggiore del palazzo, e dopo lunga discussione ha approvato il bilancio proposto dalla Giunta. Si annunzia inoltre che il servigio dei piroscafi fra questo porto e Trieste sarà ripreso col giorno primo del mese venturo, con le solite partenze.

Dopo le notizie giunte da varie parti, il Governo ha stimato opportuno di pubblicare gli atti che seguono, affinchè il pubblico conosca lo stato delle cose e le disposizioni prese per mantenere l'ordine e la tranquillità. Le corrispondenze ricevute confermano che i lavori della Commissione procedono con regolarità, e che le deliberazioni saranno rese note quanto prima. Il Consiglio comunale si è radunato nella sala maggiore del palazzo, e dopo lunga discussione ha approvato il bilancio proposto dalla Giunta. Si annunzia inoltre che il servigio dei piroscafi fra questo porto e Trieste sarà ripreso col giorno primo del mese venturo, con le solite partenze. Dopo le notizie giunte da varie parti, il Governo ha stimato opportuno di pubblicare gli atti che seguono, affinchè il pubblico conosca lo stato delle cose e le disposizioni prese per mantenere l'ordine e la tranquillità. Le corrispondenze ricevute confermano che i lavori della Commissione procedono con regolarità, e che le deliberazioni saranno rese note quanto prima. Il Consiglio comunale si è radunato nella sala maggiore del palazzo, e dopo lunga discussione ha approvato il bilancio proposto dalla Giunta. Si annunzia inoltre che il servigio dei piroscafi fra questo porto e Trieste sarà ripreso col giorno primo del mese venturo, con le solite partenze. Dopo le notizie giunte da varie parti, il Governo ha stimato opportuno di pubblicare gli atti che seguono, affinchè il pubblico conosca lo stato delle cose e le disposizioni prese per mantenere l'ordine e la tranquillità. Le corrispondenze ricevute confermano che i lavori della Commissione procedono con regolarità, e che le deliberazioni saranno rese note quanto prima. Il Consiglio comunale si è radunato nella sala maggiore del palazzo, e dopo lunga discussione ha approvato il bilancio proposto dalla Giunta. Si annunzia inoltre che il servigio dei piroscafi fra questo porto e Trieste sarà ripreso col giorno primo del mese venturo, con le solite partenze.

Dopo le notizie giunte da varie parti, il Governo ha stimato opportuno di pubblicare gli atti che seguono, affinchè il pubblico conosca lo stato delle cose e le disposizioni prese per mantenere l'ordine e la tranquillità. Le corrispondenze ricevute confermano che i lavori della Commissione procedono con regolarità, e che le deliberazioni saranno rese note quanto prima. Il Consiglio comunale si è radunato nella sala maggiore del palazzo, e dopo lunga discussione ha approvato il bilancio proposto dalla Giunta. Si annunzia inoltre che il servigio dei piroscafi fra questo porto e Trieste sarà ripreso col giorno primo del mese venturo, con le solite partenze. Dopo le notizie giunte da varie parti, il Governo ha stimato opportuno di pubblicare gli atti che seguono, affinchè il pubblico conosca lo stato delle cose e le disposizioni prese per mantenere l'ordine e la tranquillità. Le corrispondenze ricevute confermano che i lavori della Commissione procedono con regolarità, e che le deliberazioni saranno rese note quanto prima. Il Consiglio comunale si è radunato nella sala maggiore del palazzo, e dopo lunga discussione ha approvato il bilancio proposto dalla Giunta. Si annunzia inoltre che il servigio dei piroscafi fra questo porto e Trieste sarà ripreso col giorno primo del mese venturo, con le solite partenze. Dopo le notizie giunte da varie parti, il Governo ha stimato opportuno di pubblicare gli atti che seguono, affinchè il pubblico conosca lo stato delle cose e le disposizioni prese per mantenere l'ordine e la tranquillità. Le corrispondenze ricevute confermano che i lavori della Commissione procedono con regolarità, e che le deliberazioni saranno rese note quanto prima. Il Consiglio comunale si è radunato nella sala maggiore del palazzo, e dopo lunga discussione ha approvato il bilancio proposto dalla Giunta. Si annunzia inoltre che il servigio dei piroscafi fra questo porto e Trieste sarà ripreso col giorno primo del mese venturo, con le solite partenze. Dopo le notizie giunte da varie parti, il Governo ha stimato opportuno di pubblicare gli atti che seguono, affinchè il pubblico conosca lo stato delle cose e le disposizioni prese per mantenere l'ordine e la tranquillità. Le corrispondenze ricevute confermano che i lavori della Commissione procedono con regolarità, e che le deliberazioni saranno rese note quanto prima. Il Consiglio comunale si è radunato nella sala maggiore del palazzo, e dopo lunga discussione ha approvato il bilancio proposto dalla Giunta. Si annunzia inoltre che il servigio dei piroscafi fra questo porto e Trieste sarà ripreso col giorno primo del mese venturo, con le solite partenze.

Dopo le notizie giunte da varie parti, il Governo ha stimato opportuno di pubblicare gli atti che seguono, affinchè il pubblico conosca lo stato delle cose e le disposizioni prese per mantenere l'ordine e la tranquillità. Le corrispondenze ricevute confermano che i lavori della Commissione procedono con regolarità, e che le deliberazioni saranno rese note quanto prima. Il Consiglio comunale si è radunato nella sala maggiore del palazzo, e dopo lunga discussione ha approvato il bilancio proposto dalla Giunta. Si annunzia inoltre che il servigio dei piroscafi fra questo porto e Trieste sarà ripreso col giorno primo del mese venturo, con le solite partenze. Dopo le notizie giunte da varie parti, il Governo ha stimato opportuno di pubblicare gli atti che seguono, affinchè il pubblico conosca lo stato delle cose e le disposizioni prese per mantenere l'ordine e la tranquillità. Le corrispondenze ricevute confermano che i lavori della Commissione procedono con regolarità, e che le deliberazioni saranno rese note quanto prima. Il Consiglio comunale si è radunato nella sala maggiore del palazzo, e dopo lunga discussione ha approvato il bilancio proposto dalla Giunta. Si annunzia inoltre che il servigio dei piroscafi fra questo porto e Trieste sarà ripreso col giorno primo del mese venturo, con le solite partenze. Dopo le notizie giunte da varie parti, il Governo ha stimato opportuno di pubblicare gli atti che seguono, affinchè il pubblico conosca lo stato delle cose e le disposizioni prese per mantenere l'ordine e la tranquillità. Le corrispondenze ricevute confermano che i lavori della Commissione procedono con regolarità, e che le deliberazioni saranno rese note quanto prima. Il Consiglio comunale si è radunato nella sala maggiore del palazzo, e dopo lunga discussione ha approvato il bilancio proposto dalla Giunta. Si annunzia inoltre che il servigio dei piroscafi fra questo porto e Trieste sarà ripreso col giorno primo del mese venturo, con le solite partenze. Dopo le notizie giunte da varie parti, il Governo ha stimato opportuno di pubblicare gli atti che seguono, affinchè il pubblico conosca lo stato delle cose e le disposizioni prese per mantenere l'ordine e la tranquillità. Le corrispondenze ricevute confermano che i lavori della Commissione procedono con regolarità, e che le deliberazioni saranno rese note quanto prima. Il Consiglio comunale si è radunato nella sala maggiore del palazzo, e dopo lunga discussione ha approvato il bilancio proposto dalla Giunta. Si annunzia inoltre che il servigio dei piroscafi fra questo porto e Trieste sarà ripreso col giorno primo del mese venturo, con le solite partenze. Dopo le notizie giunte da varie parti, il Governo ha stimato opportuno di pubblicare gli atti che seguono, affinchè il pubblico conosca lo stato delle cose e le disposizioni prese per mantenere l'ordine e la tranquillità. Le corrispondenze ricevute confermano che i lavori della Commissione procedono con regolarità, e che le deliberazioni saranno rese note quanto prima. Il Consiglio comunale si è radunato nella sala maggiore del palazzo, e dopo lunga discussione ha approvato il bilancio proposto dalla Giunta. Si annunzia inoltre che il servigio dei piroscafi fra questo porto e Trieste sarà ripreso col giorno primo del mese venturo, con le solite partenze.

Dopo le notizie giunte da varie parti, il Governo ha stimato opportuno di pubblicare gli atti che seguono, affinchè il pubblico conosca lo stato delle cose e le disposizioni prese per mantenere l'ordine e la tranquillità. Le corrispondenze ricevute confermano che i lavori della Commissione procedono con regolarità, e che le deliberazioni saranno rese note quanto prima. Il Consiglio comunale si è radunato nella sala maggiore del palazzo, e dopo lunga discussione ha approvato il bilancio proposto dalla Giunta. Si annunzia inoltre che il servigio dei piroscafi fra questo porto e Trieste sarà ripreso col giorno primo del mese venturo, con le solite partenze. Dopo le notizie giunte da varie parti, il Governo ha stimato opportuno di pubblicare gli atti che seguono, affinchè il pubblico conosca lo stato delle cose e le disposizioni prese per mantenere l'ordine e la tranquillità. Le corrispondenze ricevute confermano che i lavori della Commissione procedono con regolarità, e che le deliberazioni saranno rese note quanto prima. Il Consiglio comunale si è radunato nella sala maggiore del palazzo, e dopo lunga discussione ha approvato il bilancio proposto dalla Giunta. Si annunzia inoltre che il servigio dei piroscafi fra questo porto e Trieste sarà ripreso col giorno primo del mese venturo, con le solite partenze. Dopo le notizie giunte da varie parti, il Governo ha stimato opportuno di pubblicare gli atti che seguono, affinchè il pubblico conosca lo stato delle cose e le disposizioni prese per mantenere l'ordine e la tranquillità. Le corrispondenze ricevute confermano che i lavori della Commissione procedono con regolarità, e che le deliberazioni saranno rese note quanto prima. Il Consiglio comunale si è radunato nella sala maggiore del palazzo, e dopo lunga discussione ha approvato il bilancio proposto dalla Giunta. Si annunzia inoltre che il servigio dei piroscafi fra questo porto e Trieste sarà ripreso col giorno primo del mese venturo, con le solite partenze.

Dopo le notizie giunte da varie parti, il Governo ha stimato opportuno di pubblicare gli atti che seguono, affinchè il pubblico conosca lo stato delle cose e le disposizioni prese per mantenere l'ordine e la tranquillità. Le corrispondenze ricevute confermano che i lavori della Commissione procedono con regolarità, e che le deliberazioni saranno rese note quanto prima. Il Consiglio comunale si è radunato nella sala maggiore del palazzo, e dopo lunga discussione ha approvato il bilancio proposto dalla Giunta. Si annunzia inoltre che il servigio dei piroscafi fra questo porto e Trieste sarà ripreso col giorno primo del mese venturo, con le solite partenze. Dopo le notizie giunte da varie parti, il Governo ha stimato opportuno di pubblicare gli atti che seguono, affinchè il pubblico conosca lo stato delle cose e le disposizioni prese per mantenere l'ordine e la tranquillità. Le corrispondenze ricevute confermano che i lavori della Commissione procedono con regolarità, e che le deliberazioni saranno rese note quanto prima. Il Consiglio comunale si è radunato nella sala maggiore del palazzo, e dopo lunga discussione ha approvato il bilancio proposto dalla Giunta. Si annunzia inoltre che il servigio dei piroscafi fra questo porto e Trieste sarà ripreso col giorno primo del mese venturo, con le solite partenze. Dopo le notizie giunte da varie parti, il Governo ha stimato opportuno di pubblicare gli atti che seguono, affinchè il pubblico conosca lo stato delle cose e le disposizioni prese per mantenere l'ordine e la tranquillità. Le corrispondenze ricevute confermano che i lavori della Commissione procedono con regolarità, e che le deliberazioni saranno rese note quanto prima. Il Consiglio comunale si è radunato nella sala maggiore del palazzo, e dopo lunga discussione ha approvato il bilancio proposto dalla Giunta. Si annunzia inoltre che il servigio dei piroscafi fra questo porto e Trieste sarà ripreso col giorno primo del mese venturo, con le solite partenze. Dopo le notizie giunte da varie parti, il Governo ha stimato opportuno di pubblicare gli atti che seguono, affinchè il pubblico conosca lo stato delle cose e le disposizioni prese per mantenere l'ordine e la tranquillità. Le corrispondenze ricevute confermano che i lavori della Commissione procedono con regolarità, e che le deliberazioni saranno rese note quanto prima. Il Consiglio comunale si è radunato nella sala maggiore del palazzo, e dopo lunga discussione ha approvato il bilancio proposto dalla Giunta. Si annunzia inoltre che il servigio dei piroscafi fra questo porto e Trieste sarà ripreso col giorno primo del mese venturo, con le solite partenze.

Dopo le notizie giunte da varie parti, il Governo ha stimato opportuno di pubblicare gli atti che seguono, affinchè il pubblico conosca lo stato delle cose e le disposizioni prese per mantenere l'ordine e la tranquillità. Le corrispondenze ricevute confermano che i lavori della Commissione procedono con regolarità, e che le deliberazioni saranno rese note quanto prima. Il Consiglio comunale si è radunato nella sala maggiore del palazzo, e dopo lunga discussione ha approvato il bilancio proposto dalla Giunta. Si annunzia inoltre che il servigio dei piroscafi fra questo porto e Trieste sarà ripreso col giorno primo del mese venturo, con le solite partenze. Dopo le notizie giunte da varie parti, il Governo ha stimato opportuno di pubblicare gli atti che seguono, affinchè il pubblico conosca lo stato delle cose e le disposizioni prese per mantenere l'ordine e la tranquillità. Le corrispondenze ricevute confermano che i lavori della Commissione procedono con regolarità, e che le deliberazioni saranno rese note quanto prima. Il Consiglio comunale si è radunato nella sala maggiore del palazzo, e dopo lunga discussione ha approvato il bilancio proposto dalla Giunta. Si annunzia inoltre che il servigio dei piroscafi fra questo porto e Trieste sarà ripreso col giorno primo del mese venturo, con le solite partenze. Dopo le notizie giunte da varie parti, il Governo ha stimato opportuno di pubblicare gli atti che seguono, affinchè il pubblico conosca lo stato delle cose e le disposizioni prese per mantenere l'ordine e la tranquillità. Le corrispondenze ricevute confermano che i lavori della Commissione procedono con regolarità, e che le deliberazioni saranno rese note quanto prima. Il Consiglio comunale si è radunato nella sala maggiore del palazzo, e dopo lunga discussione ha approvato il bilancio proposto dalla Giunta. Si annunzia inoltre che il servigio dei piroscafi fra questo porto e Trieste sarà ripreso col giorno primo del mese venturo, con le solite partenze. Dopo le notizie giunte da varie parti, il Governo ha stimato opportuno di pubblicare gli atti che seguono, affinchè il pubblico conosca lo stato delle cose e le disposizioni prese per mantenere l'ordine e la tranquillità. Le corrispondenze ricevute confermano che i lavori della Commissione procedono con regolarità, e che le deliberazioni saranno rese note quanto prima. Il Consiglio comunale si è radunato nella sala maggiore del palazzo, e dopo lunga discussione ha approvato il bilancio proposto dalla Giunta. Si annunzia inoltre che il servigio dei piroscafi fra questo porto e Trieste sarà ripreso col giorno primo del mese venturo, con le solite partenze. Dopo le notizie giunte da varie parti, il Governo ha stimato opportuno di pubblicare gli atti che seguono, affinchè il pubblico conosca lo stato delle cose e le disposizioni prese per mantenere l'ordine e la tranquillità. Le corrispondenze ricevute confermano che i lavori della Commissione procedono con regolarità, e che le deliberazioni saranno rese note quanto prima. Il Consiglio comunale si è radunato nella sala maggiore del palazzo, e dopo lunga discussione ha approvato il bilancio proposto dalla Giunta. Si annunzia inoltre che il servigio dei piroscafi fra questo porto e Trieste sarà ripreso col giorno primo del mese venturo, con le solite partenze.

Dopo le notizie giunte da varie parti, il Governo ha stimato opportuno di pubblicare gli atti che seguono, affinchè il pubblico conosca lo stato delle cose e le disposizioni prese per mantenere l'ordine e la tranquillità. Le corrispondenze ricevute confermano che i lavori della Commissione procedono con regolarità, e che le deliberazioni saranno rese note quanto prima. Il Consiglio comunale si è radunato nella sala maggiore del palazzo, e dopo lunga discussione ha approvato il bilancio proposto dalla Giunta. Si annunzia inoltre che il servigio dei piroscafi fra questo porto e Trieste sarà ripreso col giorno primo del mese venturo, con le solite partenze. Dopo le notizie giunte da varie parti, il Governo ha stimato opportuno di pubblicare gli atti che seguono, affinchè il pubblico conosca lo stato delle cose e le disposizioni prese per mantenere l'ordine e la tranquillità. Le corrispondenze ricevute confermano che i lavori della Commissione procedono con regolarità, e che le deliberazioni saranno rese note quanto prima. Il Consiglio comunale si è radunato nella sala maggiore del palazzo, e dopo lunga discussione ha approvato il bilancio proposto dalla Giunta. Si annunzia inoltre che il servigio dei piroscafi fra questo porto e Trieste sarà ripreso col giorno primo del mese venturo, con le solite partenze. Dopo le notizie giunte da varie parti, il Governo ha stimato opportuno di pubblicare gli atti che seguono, affinchè il pubblico conosca lo stato delle cose e le disposizioni prese per mantenere l'ordine e la tranquillità. Le corrispondenze ricevute confermano che i lavori della Commissione procedono con regolarità, e che le deliberazioni saranno rese note quanto prima. Il Consiglio comunale si è radunato nella sala maggiore del palazzo, e dopo lunga discussione ha approvato il bilancio proposto dalla Giunta. Si annunzia inoltre che il servigio dei piroscafi fra questo porto e Trieste sarà ripreso col giorno primo del mese venturo, con le solite partenze.

Dopo le notizie giunte da varie parti, il Governo ha stimato opportuno di pubblicare gli atti che seguono, affinchè il pubblico conosca lo stato delle cose e le disposizioni prese per mantenere l'ordine e la tranquillità. Le corrispondenze ricevute confermano che i lavori della Commissione procedono con regolarità, e che le deliberazioni saranno rese note quanto prima. Il Consiglio comunale si è radunato nella sala maggiore del palazzo, e dopo lunga discussione ha approvato il bilancio proposto dalla Giunta. Si annunzia inoltre che il servigio dei piroscafi fra questo porto e Trieste sarà ripreso col giorno primo del mese venturo, con le solite partenze. Dopo le notizie giunte da varie parti, il Governo ha stimato opportuno di pubblicare gli atti che seguono, affinchè il pubblico conosca lo stato delle cose e le disposizioni prese per mantenere l'ordine e la tranquillità. Le corrispondenze ricevute confermano che i lavori della Commissione procedono con regolarità, e che le deliberazioni saranno rese note quanto prima. Il Consiglio comunale si è radunato nella sala maggiore del palazzo, e dopo lunga discussione ha approvato il bilancio proposto dalla Giunta. Si annunzia inoltre che il servigio dei piroscafi fra questo porto e Trieste sarà ripreso col giorno primo del mese venturo, con le solite partenze. Dopo le notizie giunte da varie parti, il Governo ha stimato opportuno di pubblicare gli atti che seguono, affinchè il pubblico conosca lo stato delle cose e le disposizioni prese per mantenere l'ordine e la tranquillità. Le corrispondenze ricevute confermano che i lavori della Commissione procedono con regolarità, e che le deliberazioni saranno rese note quanto prima. Il Consiglio comunale si è radunato nella sala maggiore del palazzo, e dopo lunga discussione ha approvato il bilancio proposto dalla Giunta. Si annunzia inoltre che il servigio dei piroscafi fra questo porto e Trieste sarà ripreso col giorno primo del mese venturo, con le solite partenze. Dopo le notizie giunte da varie parti, il Governo ha stimato opportuno di pubblicare gli atti che seguono, affinchè il pubblico conosca lo stato delle cose e le disposizioni prese per mantenere l'ordine e la tranquillità. Le corrispondenze ricevute confermano che i lavori della Commissione procedono con regolarità, e che le deliberazioni saranno rese note quanto prima. Il Consiglio comunale si è radunato nella sala maggiore del palazzo, e dopo lunga discussione ha approvato il bilancio proposto dalla Giunta. Si annunzia inoltre che il servigio dei piroscafi fra questo porto e Trieste sarà ripreso col giorno primo del mese venturo, con le solite partenze.

Dopo le notizie giunte da varie parti, il Governo ha stimato opportuno di pubblicare gli atti che seguono, affinchè il pubblico conosca lo stato delle cose e le disposizioni prese per mantenere l'ordine e la tranquillità. Le corrispondenze ricevute confermano che i lavori della Commissione procedono con regolarità, e che le deliberazioni saranno rese note quanto prima. Il Consiglio comunale si è radunato nella sala maggiore del palazzo, e dopo lunga discussione ha approvato il bilancio proposto dalla Giunta. Si annunzia inoltre che il servigio dei piroscafi fra questo porto e Trieste sarà ripreso col giorno primo del mese venturo, con le solite partenze. Dopo le notizie giunte da varie parti, il Governo ha stimato opportuno di pubblicare gli atti che seguono, affinchè il pubblico conosca lo stato delle cose e le disposizioni prese per mantenere l'ordine e la tranquillità. Le corrispondenze ricevute confermano che i lavori della Commissione procedono con regolarità, e che le deliberazioni saranno rese note quanto prima. Il Consiglio comunale si è radunato nella sala maggiore del palazzo, e dopo lunga discussione ha approvato il bilancio proposto dalla Giunta. Si annunzia inoltre che il servigio dei piroscafi fra questo porto e Trieste sarà ripreso col giorno primo del mese venturo, con le solite partenze. Dopo le notizie giunte da varie parti, il Governo ha stimato opportuno di pubblicare gli atti che seguono, affinchè il pubblico conosca lo stato delle cose e le disposizioni prese per mantenere l'ordine e la tranquillità. Le corrispondenze ricevute confermano che i lavori della Commissione procedono con regolarità, e che le deliberazioni saranno rese note quanto prima. Il Consiglio comunale si è radunato nella sala maggiore del palazzo, e dopo lunga discussione ha approvato il bilancio proposto dalla Giunta. Si annunzia inoltre che il servigio dei piroscafi fra questo porto e Trieste sarà ripreso col giorno primo del mese venturo, con le solite partenze. Dopo le notizie giunte da varie parti, il Governo ha stimato opportuno di pubblicare gli atti che seguono, affinchè il pubblico conosca lo stato delle cose e le disposizioni prese per mantenere l'ordine e la tranquillità. Le corrispondenze ricevute confermano che i lavori della Commissione procedono con regolarità, e che le deliberazioni saranno rese note quanto prima. Il Consiglio comunale si è radunato nella sala maggiore del palazzo, e dopo lunga discussione ha approvato il bilancio proposto dalla Giunta. Si annunzia inoltre che il servigio dei piroscafi fra questo porto e Trieste sarà ripreso col giorno primo del mese venturo, con le solite partenze. Dopo le notizie giunte da varie parti, il Governo ha stimato opportuno di pubblicare gli atti che seguono, affinchè il pubblico conosca lo stato delle cose e le disposizioni prese per mantenere l'ordine e la tranquillità. Le corrispondenze ricevute confermano che i lavori della Commissione procedono con regolarità, e che le deliberazioni saranno rese note quanto prima. Il Consiglio comunale si è radunato nella sala maggiore del palazzo, e dopo lunga discussione ha approvato il bilancio proposto dalla Giunta. Si annunzia inoltre che il servigio dei piroscafi fra questo porto e Trieste sarà ripreso col giorno primo del mese venturo, con le solite partenze.

Dopo le notizie giunte da varie parti, il Governo ha stimato opportuno di pubblicare gli atti che seguono, affinchè il pubblico conosca lo stato delle cose e le disposizioni prese per mantenere l'ordine e la tranquillità. Le corrispondenze ricevute confermano che i lavori della Commissione procedono con regolarità, e che le deliberazioni saranno rese note quanto prima. Il Consiglio comunale si è radunato nella sala maggiore del palazzo, e dopo lunga discussione ha approvato il bilancio proposto dalla Giunta. Si annunzia inoltre che il servigio dei piroscafi fra questo porto e Trieste sarà ripreso col giorno primo del mese venturo, con le solite partenze. Dopo le notizie giunte da varie parti, il Governo ha stimato opportuno di pubblicare gli atti che seguono, affinchè il pubblico conosca lo stato delle cose e le disposizioni prese per mantenere l'ordine e la tranquillità. Le corrispondenze ricevute confermano che i lavori della Commissione procedono con regolarità, e che le deliberazioni saranno rese note quanto prima. Il Consiglio comunale si è radunato nella sala maggiore del palazzo, e dopo lunga discussione ha approvato il bilancio proposto dalla Giunta. Si annunzia inoltre che il servigio dei piroscafi fra questo porto e Trieste sarà ripreso col giorno primo del mese venturo, con le solite partenze. Dopo le notizie giunte da varie parti, il Governo ha stimato opportuno di pubblicare gli atti che seguono, affinchè il pubblico conosca lo stato delle cose e le disposizioni prese per mantenere l'ordine e la tranquillità. Le corrispondenze ricevute confermano che i lavori della Commissione procedono con regolarità, e che le deliberazioni saranno rese note quanto prima. Il Consiglio comunale si è radunato nella sala maggiore del palazzo, e dopo lunga discussione ha approvato il bilancio proposto dalla Giunta. Si annunzia inoltre che il servigio dei piroscafi fra questo porto e Trieste sarà ripreso col giorno primo del mese venturo, con le solite partenze.

Dopo le notizie giunte da varie parti, il Governo ha stimato opportuno di pubblicare gli atti che seguono, affinchè il pubblico conosca lo stato delle cose e le disposizioni prese per mantenere l'ordine e la tranquillità. Le corrispondenze ricevute confermano che i lavori della Commissione procedono con regolarità, e che le deliberazioni saranno rese note quanto prima. Il Consiglio comunale si è radunato nella sala maggiore del palazzo, e dopo lunga discussione ha approvato il bilancio proposto dalla Giunta. Si annunzia inoltre che il servigio dei piroscafi fra questo porto e Trieste sarà ripreso col giorno primo del mese venturo, con le solite partenze. Dopo le notizie giunte da varie parti, il Governo ha stimato opportuno di pubblicare gli atti che seguono, affinchè il pubblico conosca lo stato delle cose e le disposizioni prese per mantenere l'ordine e la tranquillità. Le corrispondenze ricevute confermano che i lavori della Commissione procedono con regolarità, e che le deliberazioni saranno rese note quanto prima. Il Consiglio comunale si è radunato nella sala maggiore del palazzo, e dopo lunga discussione ha approvato il bilancio proposto dalla Giunta. Si annunzia inoltre che il servigio dei piroscafi fra questo porto e Trieste sarà ripreso col giorno primo del mese venturo, con le solite partenze. Dopo le notizie giunte da varie parti, il Governo ha stimato opportuno di pubblicare gli atti che seguono, affinchè il pubblico conosca lo stato delle cose e le disposizioni prese per mantenere l'ordine e la tranquillità. Le corrispondenze ricevute confermano che i lavori della Commissione procedono con regolarità, e che le deliberazioni saranno rese note quanto prima. Il Consiglio comunale si è radunato nella sala maggiore del palazzo, e dopo lunga discussione ha approvato il bilancio proposto dalla Giunta. Si annunzia inoltre che il servigio dei piroscafi fra questo porto e Trieste sarà ripreso col giorno primo del mese venturo, con le solite partenze. Dopo le notizie giunte da varie parti, il Governo ha stimato opportuno di pubblicare gli atti che seguono, affinchè il pubblico conosca lo stato delle cose e le disposizioni prese per mantenere l'ordine e la tranquillità. Le corrispondenze ricevute confermano che i lavori della Commissione procedono con regolarità, e che le deliberazioni saranno rese note quanto prima. Il Consiglio comunale si è radunato nella sala maggiore del palazzo, e dopo lunga discussione ha approvato il bilancio proposto dalla Giunta. Si annunzia inoltre che il servigio dei piroscafi fra questo porto e Trieste sarà ripreso col giorno primo del mese venturo, con le solite partenze.

Dopo le notizie giunte da varie parti, il Governo ha stimato opportuno di pubblicare gli atti che seguono, affinchè il pubblico conosca lo stato delle cose e le disposizioni prese per mantenere l'ordine e la tranquillità. Le corrispondenze ricevute confermano che i lavori della Commissione procedono con regolarità, e che le deliberazioni saranno rese note quanto prima. Il Consiglio comunale si è radunato nella sala maggiore del palazzo, e dopo lunga discussione ha approvato il bilancio proposto dalla Giunta. Si annunzia inoltre che il servigio dei piroscafi fra questo porto e Trieste sarà ripreso col giorno primo del mese venturo, con le solite partenze. Dopo le notizie giunte da varie parti, il Governo ha stimato opportuno di pubblicare gli atti che seguono, affinchè il pubblico conosca lo stato delle cose e le disposizioni prese per mantenere l'ordine e la tranquillità. Le corrispondenze ricevute confermano che i lavori della Commissione procedono con regolarità, e che le deliberazioni saranno rese note quanto prima. Il Consiglio comunale si è radunato nella sala maggiore del palazzo, e dopo lunga discussione ha approvato il bilancio proposto dalla Giunta. Si annunzia inoltre che il servigio dei piroscafi fra questo porto e Trieste sarà ripreso col giorno primo del mese venturo, con le solite partenze. Dopo le notizie giunte da varie parti, il Governo ha stimato opportuno di pubblicare gli atti che seguono, affinchè il pubblico conosca lo stato delle cose e le disposizioni prese per mantenere l'ordine e la tranquillità. Le corrispondenze ricevute confermano che i lavori della Commissione procedono con regolarità, e che le deliberazioni saranno rese note quanto prima. Il Consiglio comunale si è radunato nella sala maggiore del palazzo, e dopo lunga discussione ha approvato il bilancio proposto dalla Giunta. Si annunzia inoltre che il servigio dei piroscafi fra questo porto e Trieste sarà ripreso col giorno primo del mese venturo, con le solite partenze. Dopo le notizie giunte da varie parti, il Governo ha stimato opportuno di pubblicare gli atti che seguono, affinchè il pubblico conosca lo stato delle cose e le disposizioni prese per mantenere l'ordine e la tranquillità. Le corrispondenze ricevute confermano che i lavori della Commissione procedono con regolarità, e che le deliberazioni saranno rese note quanto prima. Il Consiglio comunale si è radunato nella sala maggiore del palazzo, e dopo lunga discussione ha approvato il bilancio proposto dalla Giunta. Si annunzia inoltre che il servigio dei piroscafi fra questo porto e Trieste sarà ripreso col giorno primo del mese venturo, con le solite partenze. Dopo le notizie giunte da varie parti, il Governo ha stimato opportuno di pubblicare gli atti che seguono, affinchè il pubblico conosca lo stato delle cose e le disposizioni prese per mantenere l'ordine e la tranquillità. Le corrispondenze ricevute confermano che i lavori della Commissione procedono con regolarità, e che le deliberazioni saranno rese note quanto prima. Il Consiglio comunale si è radunato nella sala maggiore del palazzo, e dopo lunga discussione ha approvato il bilancio proposto dalla Giunta. Si annunzia inoltre che il servigio dei piroscafi fra questo porto e Trieste sarà ripreso col giorno primo del mese venturo, con le solite partenze.

Dopo le notizie giunte da varie parti, il Governo ha stimato opportuno di pubblicare gli atti che seguono, affinchè il pubblico conosca lo stato delle cose e le disposizioni prese per mantenere l'ordine e la tranquillità. Le corrispondenze ricevute confermano che i lavori della Commissione procedono con regolarità, e che le deliberazioni saranno rese note quanto prima. Il Consiglio comunale si è radunato nella sala maggiore del palazzo, e dopo lunga discussione ha approvato il bilancio proposto dalla Giunta. Si annunzia inoltre che il servigio dei piroscafi fra questo porto e Trieste sarà ripreso col giorno primo del mese venturo, con le solite partenze. Dopo le notizie giunte da varie parti, il Governo ha stimato opportuno di pubblicare gli atti che seguono, affinchè il pubblico conosca lo stato delle cose e le disposizioni prese per mantenere l'ordine e la tranquillità. Le corrispondenze ricevute confermano che i lavori della Commissione procedono con regolarità, e che le deliberazioni saranno rese note quanto prima. Il Consiglio comunale si è radunato nella sala maggiore del palazzo, e dopo lunga discussione ha approvato il bilancio proposto dalla Giunta. Si annunzia inoltre che il servigio dei piroscafi fra questo porto e Trieste sarà ripreso col giorno primo del mese venturo, con le solite partenze. Dopo le notizie giunte da varie parti, il Governo ha stimato opportuno di pubblicare gli atti che seguono, affinchè il pubblico conosca lo stato delle cose e le disposizioni prese per mantenere l'ordine e la tranquillità. Le corrispondenze ricevute confermano che i lavori della Commissione procedono con regolarità, e che le deliberazioni saranno rese note quanto prima. Il Consiglio comunale si è radunato nella sala maggiore del palazzo, e dopo lunga discussione ha approvato il bilancio proposto dalla Giunta. Si annunzia inoltre che il servigio dei piroscafi fra questo porto e Trieste sarà ripreso col giorno primo del mese venturo, con le solite partenze.

Dopo le notizie giunte da varie parti, il Governo ha stimato opportuno di pubblicare gli atti che seguono, affinchè il pubblico conosca lo stato delle cose e le disposizioni prese per mantenere l'ordine e la tranquillità. Le corrispondenze ricevute confermano che i lavori della Commissione procedono con regolarità, e che le deliberazioni saranno rese note quanto prima. Il Consiglio comunale si è radunato nella sala maggiore del palazzo, e dopo lunga discussione ha approvato il bilancio proposto dalla Giunta. Si annunzia inoltre che il servigio dei piroscafi fra questo porto e Trieste sarà ripreso col giorno primo del mese venturo, con le solite partenze. Dopo le notizie giunte da varie parti, il Governo ha stimato opportuno di pubblicare gli atti che seguono, affinchè il pubblico conosca lo stato delle cose e le disposizioni prese per mantenere l'ordine e la tranquillità. Le corrispondenze ricevute confermano che i lavori della Commissione procedono con regolarità, e che le deliberazioni saranno rese note quanto prima. Il Consiglio comunale si è radunato nella sala maggiore del palazzo, e dopo lunga discussione ha approvato il bilancio proposto dalla Giunta. Si annunzia inoltre che il servigio dei piroscafi fra questo porto e Trieste sarà ripreso col giorno primo del mese venturo, con le solite partenze. Dopo le notizie giunte da varie parti, il Governo ha stimato opportuno di pubblicare gli atti che seguono, affinchè il pubblico conosca lo stato delle cose e le disposizioni prese per mantenere l'ordine e la tranquillità. Le corrispondenze ricevute confermano che i lavori della Commissione procedono con regolarità, e che le deliberazioni saranno rese note quanto prima. Il Consiglio comunale si è radunato nella sala maggiore del palazzo, e dopo lunga discussione ha approvato il bilancio proposto dalla Giunta. Si annunzia inoltre che il servigio dei piroscafi fra questo porto e Trieste sarà ripreso col giorno primo del mese venturo, con le solite partenze. Dopo le notizie giunte da varie parti, il Governo ha stimato opportuno di pubblicare gli atti che seguono, affinchè il pubblico conosca lo stato delle cose e le disposizioni prese per mantenere l'ordine e la tranquillità. Le corrispondenze ricevute confermano che i lavori della Commissione procedono con regolarità, e che le deliberazioni saranno rese note quanto prima. Il Consiglio comunale si è radunato nella sala maggiore del palazzo, e dopo lunga discussione ha approvato il bilancio proposto dalla Giunta. Si annunzia inoltre che il servigio dei piroscafi fra questo porto e Trieste sarà ripreso col giorno primo del mese venturo, con le solite partenze.

Dopo le notizie giunte da varie parti, il Governo ha stimato opportuno di pubblicare gli atti che seguono, affinchè il pubblico conosca lo stato delle cose e le disposizioni prese per mantenere l'ordine e la tranquillità. Le corrispondenze ricevute confermano che i lavori della Commissione procedono con regolarità, e che le deliberazioni saranno rese note quanto prima. Il Consiglio comunale si è radunato nella sala maggiore del palazzo, e dopo lunga discussione ha approvato il bilancio proposto dalla Giunta. Si annunzia inoltre che il servigio dei piroscafi fra questo porto e Trieste sarà ripreso col giorno primo del mese venturo, con le solite partenze. Dopo le notizie giunte da varie parti, il Governo ha stimato opportuno di pubblicare gli atti che seguono, affinchè il pubblico conosca lo stato delle cose e le disposizioni prese per mantenere l'ordine e la tranquillità. Le corrispondenze ricevute confermano che i lavori della Commissione procedono con regolarità, e che le deliberazioni saranno rese note quanto prima. Il Consiglio comunale si è radunato nella sala maggiore del palazzo, e dopo lunga discussione ha approvato il bilancio proposto dalla Giunta. Si annunzia inoltre che il servigio dei piroscafi fra questo porto e Trieste sarà ripreso col giorno primo del mese venturo, con le solite partenze. Dopo le notizie giunte da varie parti, il Governo ha stimato opportuno di pubblicare gli atti che seguono, affinchè il pubblico conosca lo stato delle cose e le disposizioni prese per mantenere l'ordine e la tranquillità. Le corrispondenze ricevute confermano che i lavori della Commissione procedono con regolarità, e che le deliberazioni saranno rese note quanto prima. Il Consiglio comunale si è radunato nella sala maggiore del palazzo, e dopo lunga discussione ha approvato il bilancio proposto dalla Giunta. Si annunzia inoltre che il servigio dei piroscafi fra questo porto e Trieste sarà ripreso col giorno primo del mese venturo, con le solite partenze. Dopo le notizie giunte da varie parti, il Governo ha stimato opportuno di pubblicare gli atti che seguono, affinchè il pubblico conosca lo stato delle cose e le disposizioni prese per mantenere l'ordine e la tranquillità. Le corrispondenze ricevute confermano che i lavori della Commissione procedono con regolarità, e che le deliberazioni saranno rese note quanto prima. Il Consiglio comunale si è radunato nella sala maggiore del palazzo, e dopo lunga discussione ha approvato il bilancio proposto dalla Giunta. Si annunzia inoltre che il servigio dei piroscafi fra questo porto e Trieste sarà ripreso col giorno primo del mese venturo, con le solite partenze. Dopo le notizie giunte da varie parti, il Governo ha stimato opportuno di pubblicare gli atti che seguono, affinchè il pubblico conosca lo stato delle cose e le disposizioni prese per mantenere l'ordine e la tranquillità. Le corrispondenze ricevute confermano che i lavori della Commissione procedono con regolarità, e che le deliberazioni saranno rese note quanto prima. Il Consiglio comunale si è radunato nella sala maggiore del palazzo, e dopo lunga discussione ha approvato il bilancio proposto dalla Giunta. Si annunzia inoltre che il servigio dei piroscafi fra questo porto e Trieste sarà ripreso col giorno primo del mese venturo, con le solite partenze.

Dopo le notizie giunte da varie parti, il Governo ha stimato opportuno di pubblicare gli atti che seguono, affinchè il pubblico conosca lo stato delle cose e le disposizioni prese per mantenere l'ordine e la tranquillità. Le corrispondenze ricevute confermano che i lavori della Commissione procedono con regolarità, e che le deliberazioni saranno rese note quanto prima. Il Consiglio comunale si è radunato nella sala maggiore del palazzo, e dopo lunga discussione ha approvato il bilancio proposto dalla Giunta. Si annunzia inoltre che il servigio dei piroscafi fra questo porto e Trieste sarà ripreso col giorno primo del mese venturo, con le solite partenze. Dopo le notizie giunte da varie parti, il Governo ha stimato opportuno di pubblicare gli atti che seguono, affinchè il pubblico conosca lo stato delle cose e le disposizioni prese per mantenere l'ordine e la tranquillità. Le corrispondenze ricevute confermano che i lavori della Commissione procedono con regolarità, e che le deliberazioni saranno rese note quanto prima. Il Consiglio comunale si è radunato nella sala maggiore del palazzo, e dopo lunga discussione ha approvato il bilancio proposto dalla Giunta. Si annunzia inoltre che il servigio dei piroscafi fra questo porto e Trieste sarà ripreso col giorno primo del mese venturo, con le solite partenze. Dopo le notizie giunte da varie parti, il Governo ha stimato opportuno di pubblicare gli atti che seguono, affinchè il pubblico conosca lo stato delle cose e le disposizioni prese per mantenere l'ordine e la tranquillità. Le corrispondenze ricevute confermano che i lavori della Commissione procedono con regolarità, e che le deliberazioni saranno rese note quanto prima. Il Consiglio comunale si è radunato nella sala maggiore del palazzo, e dopo lunga discussione ha approvato il bilancio proposto dalla Giunta. Si annunzia inoltre che il servigio dei piroscafi fra questo porto e Trieste sarà ripreso col giorno primo del mese venturo, con le solite partenze.

Dopo le notizie giunte da varie parti, il Governo ha stimato opportuno di pubblicare gli atti che seguono, affinchè il pubblico conosca lo stato delle cose e le disposizioni prese per mantenere l'ordine e la tranquillità. Le corrispondenze ricevute confermano che i lavori della Commissione procedono con regolarità, e che le deliberazioni saranno rese note quanto prima. Il Consiglio comunale si è radunato nella sala maggiore del palazzo, e dopo lunga discussione ha approvato il bilancio proposto dalla Giunta. Si annunzia inoltre che il servigio dei piroscafi fra questo porto e Trieste sarà ripreso col giorno primo del mese venturo, con le solite partenze. Dopo le notizie giunte da varie parti, il Governo ha stimato opportuno di pubblicare gli atti che seguono, affinchè il pubblico conosca lo stato delle cose e le disposizioni prese per mantenere l'ordine e la tranquillità. Le corrispondenze ricevute confermano che i lavori della Commissione procedono con regolarità, e che le deliberazioni saranno rese note quanto prima. Il Consiglio comunale si è radunato nella sala maggiore del palazzo, e dopo lunga discussione ha approvato il bilancio proposto dalla Giunta. Si annunzia inoltre che il servigio dei piroscafi fra questo porto e Trieste sarà ripreso col giorno primo del mese venturo, con le solite partenze. Dopo le notizie giunte da varie parti, il Governo ha stimato opportuno di pubblicare gli atti che seguono, affinchè il pubblico conosca lo stato delle cose e le disposizioni prese per mantenere l'ordine e la tranquillità. Le corrispondenze ricevute confermano che i lavori della Commissione procedono con regolarità, e che le deliberazioni saranno rese note quanto prima. Il Consiglio comunale si è radunato nella sala maggiore del palazzo, e dopo lunga discussione ha approvato il bilancio proposto dalla Giunta. Si annunzia inoltre che il servigio dei piroscafi fra questo porto e Trieste sarà ripreso col giorno primo del mese venturo, con le solite partenze. Dopo le notizie giunte da varie parti, il Governo ha stimato opportuno di pubblicare gli atti che seguono, affinchè il pubblico conosca lo stato delle cose e le disposizioni prese per mantenere l'ordine e la tranquillità. Le corrispondenze ricevute confermano che i lavori della Commissione procedono con regolarità, e che le deliberazioni saranno rese note quanto prima. Il Consiglio comunale si è radunato nella sala maggiore del palazzo, e dopo lunga discussione ha approvato il bilancio proposto dalla Giunta. Si annunzia inoltre che il servigio dei piroscafi fra questo porto e Trieste sarà ripreso col giorno primo del mese venturo, con le solite partenze.

Dopo le notizie giunte da varie parti, il Governo ha stimato opportuno di pubblicare gli atti che seguono, affinchè il pubblico conosca lo stato delle cose e le disposizioni prese per mantenere l'ordine e la tranquillità. Le corrispondenze ricevute confermano che i lavori della Commissione procedono con regolarità, e che le deliberazioni saranno rese note quanto prima. Il Consiglio comunale si è radunato nella sala maggiore del palazzo, e dopo lunga discussione ha approvato il bilancio proposto dalla Giunta. Si annunzia inoltre che il servigio dei piroscafi fra questo porto e Trieste sarà ripreso col giorno primo del mese venturo, con le solite partenze. Dopo le notizie giunte da varie parti, il Governo ha stimato opportuno di pubblicare gli atti che seguono, affinchè il pubblico conosca lo stato delle cose e le disposizioni prese per mantenere l'ordine e la tranquillità. Le corrispondenze ricevute confermano che i lavori della Commissione procedono con regolarità, e che le deliberazioni saranno rese note quanto prima. Il Consiglio comunale si è radunato nella sala maggiore del palazzo, e dopo lunga discussione ha approvato il bilancio proposto dalla Giunta. Si annunzia inoltre che il servigio dei piroscafi fra questo porto e Trieste sarà ripreso col giorno primo del mese venturo, con le solite partenze. Dopo le notizie giunte da varie parti, il Governo ha stimato opportuno di pubblicare gli atti che seguono, affinchè il pubblico conosca lo stato delle cose e le disposizioni prese per mantenere l'ordine e la tranquillità. Le corrispondenze ricevute confermano che i lavori della Commissione procedono con regolarità, e che le deliberazioni saranno rese note quanto prima. Il Consiglio comunale si è radunato nella sala maggiore del palazzo, e dopo lunga discussione ha approvato il bilancio proposto dalla Giunta. Si annunzia inoltre che il servigio dei piroscafi fra questo porto e Trieste sarà ripreso col giorno primo del mese venturo, con le solite partenze. Dopo le notizie giunte da varie parti, il Governo ha stimato opportuno di pubblicare gli atti che seguono, affinchè il pubblico conosca lo stato delle cose e le disposizioni prese per mantenere l'ordine e la tranquillità. Le corrispondenze ricevute confermano che i lavori della Commissione procedono con regolarità, e che le deliberazioni saranno rese note quanto prima. Il Consiglio comunale si è radunato nella sala maggiore del palazzo, e dopo lunga discussione ha approvato il bilancio proposto dalla Giunta. Si annunzia inoltre che il servigio dei piroscafi fra questo porto e Trieste sarà ripreso col giorno primo del mese venturo, con le solite partenze. Dopo le notizie giunte da varie parti, il Governo ha stimato opportuno di pubblicare gli atti che seguono, affinchè il pubblico conosca lo stato delle cose e le disposizioni prese per mantenere l'ordine e la tranquillità. Le corrispondenze ricevute confermano che i lavori della Commissione procedono con regolarità, e che le deliberazioni saranno rese note quanto prima. Il Consiglio comunale si è radunato nella sala maggiore del palazzo, e dopo lunga discussione ha approvato il bilancio proposto dalla Giunta. Si annunzia inoltre che il servigio dei piroscafi fra questo porto e Trieste sarà ripreso col giorno primo del mese venturo, con le solite partenze.

Dopo le notizie giunte da varie parti, il Governo ha stimato opportuno di pubblicare gli atti che seguono, affinchè il pubblico conosca lo stato delle cose e le disposizioni prese per mantenere l'ordine e la tranquillità. Le corrispondenze ricevute confermano che i lavori della Commissione procedono con regolarità, e che le deliberazioni saranno rese note quanto prima. Il Consiglio comunale si è radunato nella sala maggiore del palazzo, e dopo lunga discussione ha approvato il bilancio proposto dalla Giunta. Si annunzia inoltre che il servigio dei piroscafi fra questo porto e Trieste sarà ripreso col giorno primo del mese venturo, con le solite partenze. Dopo le notizie giunte da varie parti, il Governo ha stimato opportuno di pubblicare gli atti che seguono, affinchè il pubblico conosca lo stato delle cose e le disposizioni prese per mantenere l'ordine e la tranquillità. Le corrispondenze ricevute confermano che i lavori della Commissione procedono con regolarità, e che le deliberazioni saranno rese note quanto prima. Il Consiglio comunale si è radunato nella sala maggiore del palazzo, e dopo lunga discussione ha approvato il bilancio proposto dalla Giunta. Si annunzia inoltre che il servigio dei piroscafi fra questo porto e Trieste sarà ripreso col giorno primo del mese venturo, con le solite partenze. Dopo le notizie giunte da varie parti, il Governo ha stimato opportuno di pubblicare gli atti che seguono, affinchè il pubblico conosca lo stato delle cose e le disposizioni prese per mantenere l'ordine e la tranquillità. Le corrispondenze ricevute confermano che i lavori della Commissione procedono con regolarità, e che le deliberazioni saranno rese note quanto prima. Il Consiglio comunale si è radunato nella sala maggiore del palazzo, e dopo lunga discussione ha approvato il bilancio proposto dalla Giunta. Si annunzia inoltre che il servigio dei piroscafi fra questo porto e Trieste sarà ripreso col giorno primo del mese venturo, con le solite partenze.

Dopo le notizie giunte da varie parti, il Governo ha stimato opportuno di pubblicare gli atti che seguono, affinchè il pubblico conosca lo stato delle cose e le disposizioni prese per mantenere l'ordine e la tranquillità. Le corrispondenze ricevute confermano che i lavori della Commissione procedono con regolarità, e che le deliberazioni saranno rese note quanto prima. Il Consiglio comunale si è radunato nella sala maggiore del palazzo, e dopo lunga discussione ha approvato il bilancio proposto dalla Giunta. Si annunzia inoltre che il servigio dei piroscafi fra questo porto e Trieste sarà ripreso col giorno primo del mese venturo, con le solite partenze. Dopo le notizie giunte da varie parti, il Governo ha stimato opportuno di pubblicare gli atti che seguono, affinchè il pubblico conosca lo stato delle cose e le disposizioni prese per mantenere l'ordine e la tranquillità. Le corrispondenze ricevute confermano che i lavori della Commissione procedono con regolarità, e che le deliberazioni saranno rese note quanto prima. Il Consiglio comunale si è radunato nella sala maggiore del palazzo, e dopo lunga discussione ha approvato il bilancio proposto dalla Giunta. Si annunzia inoltre che il servigio dei piroscafi fra questo porto e Trieste sarà ripreso col giorno primo del mese venturo, con le solite partenze. Dopo le notizie giunte da varie parti, il Governo ha stimato opportuno di pubblicare gli atti che seguono, affinchè il pubblico conosca lo stato delle cose e le disposizioni prese per mantenere l'ordine e la tranquillità. Le corrispondenze ricevute confermano che i lavori della Commissione procedono con regolarità, e che le deliberazioni saranno rese note quanto prima. Il Consiglio comunale si è radunato nella sala maggiore del palazzo, e dopo lunga discussione ha approvato il bilancio proposto dalla Giunta. Si annunzia inoltre che il servigio dei piroscafi fra questo porto e Trieste sarà ripreso col giorno primo del mese venturo, con le solite partenze. Dopo le notizie giunte da varie parti, il Governo ha stimato opportuno di pubblicare gli atti che seguono, affinchè il pubblico conosca lo stato delle cose e le disposizioni prese per mantenere l'ordine e la tranquillità. Le corrispondenze ricevute confermano che i lavori della Commissione procedono con regolarità, e che le deliberazioni saranno rese note quanto prima. Il Consiglio comunale si è radunato nella sala maggiore del palazzo, e dopo lunga discussione ha approvato il bilancio proposto dalla Giunta. Si annunzia inoltre che il servigio dei piroscafi fra questo porto e Trieste sarà ripreso col giorno primo del mese venturo, con le solite partenze.

Dopo le notizie giunte da varie parti, il Governo ha stimato opportuno di pubblicare gli atti che seguono, affinchè il pubblico conosca lo stato delle cose e le disposizioni prese per mantenere l'ordine e la tranquillità. Le corrispondenze ricevute confermano che i lavori della Commissione procedono con regolarità, e che le deliberazioni saranno rese note quanto prima. Il Consiglio comunale si è radunato nella sala maggiore del palazzo, e dopo lunga discussione ha approvato il bilancio proposto dalla Giunta. Si annunzia inoltre che il servigio dei piroscafi fra questo porto e Trieste sarà ripreso col giorno primo del mese venturo, con le solite partenze. Dopo le notizie giunte da varie parti, il Governo ha stimato opportuno di pubblicare gli atti che seguono, affinchè il pubblico conosca lo stato delle cose e le disposizioni prese per mantenere l'ordine e la tranquillità. Le corrispondenze ricevute confermano che i lavori della Commissione procedono con regolarità, e che le deliberazioni saranno rese note quanto prima. Il Consiglio comunale si è radunato nella sala maggiore del palazzo, e dopo lunga discussione ha approvato il bilancio proposto dalla Giunta. Si annunzia inoltre che il servigio dei piroscafi fra questo porto e Trieste sarà ripreso col giorno primo del mese venturo, con le solite partenze. Dopo le notizie giunte da varie parti, il Governo ha stimato opportuno di pubblicare gli atti che seguono, affinchè il pubblico conosca lo stato delle cose e le disposizioni prese per mantenere l'ordine e la tranquillità. Le corrispondenze ricevute confermano che i lavori della Commissione procedono con regolarità, e che le deliberazioni saranno rese note quanto prima. Il Consiglio comunale si è radunato nella sala maggiore del palazzo, e dopo lunga discussione ha approvato il bilancio proposto dalla Giunta. Si annunzia inoltre che il servigio dei piroscafi fra questo porto e Trieste sarà ripreso col giorno primo del mese venturo, con le solite partenze. Dopo le notizie giunte da varie parti, il Governo ha stimato opportuno di pubblicare gli atti che seguono, affinchè il pubblico conosca lo stato delle cose e le disposizioni prese per mantenere l'ordine e la tranquillità. Le corrispondenze ricevute confermano che i lavori della Commissione procedono con regolarità, e che le deliberazioni saranno rese note quanto prima. Il Consiglio comunale si è radunato nella sala maggiore del palazzo, e dopo lunga discussione ha approvato il bilancio proposto dalla Giunta. Si annunzia inoltre che il servigio dei piroscafi fra questo porto e Trieste sarà ripreso col giorno primo del mese venturo, con le solite partenze. Dopo le notizie giunte da varie parti, il Governo ha stimato opportuno di pubblicare gli atti che seguono, affinchè il pubblico conosca lo stato delle cose e le disposizioni prese per mantenere l'ordine e la tranquillità. Le corrispondenze ricevute confermano che i lavori della Commissione procedono con regolarità, e che le deliberazioni saranno rese note quanto prima. Il Consiglio comunale si è radunato nella sala maggiore del palazzo, e dopo lunga discussione ha approvato il bilancio proposto dalla Giunta. Si annunzia inoltre che il servigio dei piroscafi fra questo porto e Trieste sarà ripreso col giorno primo del mese venturo, con le solite partenze.

Dopo le notizie giunte da varie parti, il Governo ha stimato opportuno di pubblicare gli atti che seguono, affinchè il pubblico conosca lo stato delle cose e le disposizioni prese per mantenere l'ordine e la tranquillità. Le corrispondenze ricevute confermano che i lavori della Commissione procedono con regolarità, e che le deliberazioni saranno rese note quanto prima. Il Consiglio comunale si è radunato nella sala maggiore del palazzo, e dopo lunga discussione ha approvato il bilancio proposto dalla Giunta. Si annunzia inoltre che il servigio dei piroscafi fra questo porto e Trieste sarà ripreso col giorno primo del mese venturo, con le solite partenze. Dopo le notizie giunte da varie parti, il Governo ha stimato opportuno di pubblicare gli atti che seguono, affinchè il pubblico conosca lo stato delle cose e le disposizioni prese per mantenere l'ordine e la tranquillità. Le corrispondenze ricevute confermano che i lavori della Commissione procedono con regolarità, e che le deliberazioni saranno rese note quanto prima. Il Consiglio comunale si è radunato nella sala maggiore del palazzo, e dopo lunga discussione ha approvato il bilancio proposto dalla Giunta. Si annunzia inoltre che il servigio dei piroscafi fra questo porto e Trieste sarà ripreso col giorno primo del mese venturo, con le solite partenze. Dopo le notizie giunte da varie parti, il Governo ha stimato opportuno di pubblicare gli atti che seguono, affinchè il pubblico conosca lo stato delle cose e le disposizioni prese per mantenere l'ordine e la tranquillità. Le corrispondenze ricevute confermano che i lavori della Commissione procedono con regolarità, e che le deliberazioni saranno rese note quanto prima. Il Consiglio comunale si è radunato nella sala maggiore del palazzo, e dopo lunga discussione ha approvato il bilancio proposto dalla Giunta. Si annunzia inoltre che il servigio dei piroscafi fra questo porto e Trieste sarà ripreso col giorno primo del mese venturo, con le solite partenze.

Dopo le notizie giunte da varie parti, il Governo ha stimato opportuno di pubblicare gli atti che seguono, affinchè il pubblico conosca lo stato delle cose e le disposizioni prese per mantenere l'ordine e la tranquillità. Le corrispondenze ricevute confermano che i lavori della Commissione procedono con regolarità, e che le deliberazioni saranno rese note quanto prima. Il Consiglio comunale si è radunato nella sala maggiore del palazzo, e dopo lunga discussione ha approvato il bilancio proposto dalla Giunta. Si annunzia inoltre che il servigio dei piroscafi fra questo porto e Trieste sarà ripreso col giorno primo del mese venturo, con le solite partenze. Dopo le notizie giunte da varie parti, il Governo ha stimato opportuno di pubblicare gli atti che seguono, affinchè il pubblico conosca lo stato delle cose e le disposizioni prese per mantenere l'ordine e la tranquillità. Le corrispondenze ricevute confermano che i lavori della Commissione procedono con regolarità, e che le deliberazioni saranno rese note quanto prima. Il Consiglio comunale si è radunato nella sala maggiore del palazzo, e dopo lunga discussione ha approvato il bilancio proposto dalla Giunta. Si annunzia inoltre che il servigio dei piroscafi fra questo porto e Trieste sarà ripreso col giorno primo del mese venturo, con le solite partenze. Dopo le notizie giunte da varie parti, il Governo ha stimato opportuno di pubblicare gli atti che seguono, affinchè il pubblico conosca lo stato delle cose e le disposizioni prese per mantenere l'ordine e la tranquillità. Le corrispondenze ricevute confermano che i lavori della Commissione procedono con regolarità, e che le deliberazioni saranno rese note quanto prima. Il Consiglio comunale si è radunato nella sala maggiore del palazzo, e dopo lunga discussione ha approvato il bilancio proposto dalla Giunta. Si annunzia inoltre che il servigio dei piroscafi fra questo porto e Trieste sarà ripreso col giorno primo del mese venturo, con le solite partenze. Dopo le notizie giunte da varie parti, il Governo ha stimato opportuno di pubblicare gli atti che seguono, affinchè il pubblico conosca lo stato delle cose e le disposizioni prese per mantenere l'ordine e la tranquillità. Le corrispondenze ricevute confermano che i lavori della Commissione procedono con regolarità, e che le deliberazioni saranno rese note quanto prima. Il Consiglio comunale si è radunato nella sala maggiore del palazzo, e dopo lunga discussione ha approvato il bilancio proposto dalla Giunta. Si annunzia inoltre che il servigio dei piroscafi fra questo porto e Trieste sarà ripreso col giorno primo del mese venturo, con le solite partenze.

DISPACCI TELEGRAFICI
della Gazzetta Ufficiale di Venezia.
Vienna 1.º maggio.

Dopo le notizie giunte da varie parti, il Governo ha stimato opportuno di pubblicare gli atti che seguono, affinchè il pubblico conosca lo stato delle cose e le disposizioni prese per mantenere l'ordine e la tranquillità. Le corrispondenze ricevute confermano che i lavori della Commissione procedono con regolarità, e che le deliberazioni saranno rese note quanto prima. Il Consiglio comunale si è radunato nella sala maggiore del palazzo, e dopo lunga discussione ha approvato il bilancio proposto dalla Giunta. Si annunzia inoltre che il servigio dei piroscafi fra questo porto e Trieste sarà ripreso col giorno primo del mese venturo, con le solite partenze. Dopo le notizie giunte da varie parti, il Governo ha stimato opportuno di pubblicare gli atti che seguono, affinchè il pubblico conosca lo stato delle cose e le disposizioni prese per mantenere l'ordine e la tranquillità. Le corrispondenze ricevute confermano che i lavori della Commissione procedono con regolarità, e che le deliberazioni saranno rese note quanto prima. Il Consiglio comunale si è radunato nella sala maggiore del palazzo, e dopo lunga discussione ha approvato il bilancio proposto dalla Giunta. Si annunzia inoltre che il servigio dei piroscafi fra questo porto e Trieste sarà ripreso col giorno primo del mese venturo, con le solite partenze. Dopo le notizie giunte da varie parti, il Governo ha stimato opportuno di pubblicare gli atti che seguono, affinchè il pubblico conosca lo stato delle cose e le disposizioni prese per mantenere l'ordine e la tranquillità. Le corrispondenze ricevute confermano che i lavori della Commissione procedono con regolarità, e che le deliberazioni saranno rese note quanto prima. Il Consiglio comunale si è radunato nella sala maggiore del palazzo, e dopo lunga discussione ha approvato il bilancio proposto dalla Giunta. Si annunzia inoltre che il servigio dei piroscafi fra questo porto e Trieste sarà ripreso col giorno primo del mese venturo, con le solite partenze. Dopo le notizie giunte da varie parti, il Governo ha stimato opportuno di pubblicare gli atti che seguono, affinchè il pubblico conosca lo stato delle cose e le disposizioni prese per mantenere l'ordine e la tranquillità. Le corrispondenze ricevute confermano che i lavori della Commissione procedono con regolarità, e che le deliberazioni saranno rese note quanto prima. Il Consiglio comunale si è radunato nella sala maggiore del palazzo, e dopo lunga discussione ha approvato il bilancio proposto dalla Giunta. Si annunzia inoltre che il servigio dei piroscafi fra questo porto e Trieste sarà ripreso col giorno primo del mese venturo, con le solite partenze. Dopo le notizie giunte da varie parti, il Governo ha stimato opportuno di pubblicare gli atti che seguono, affinchè il pubblico conosca lo stato delle cose e le disposizioni prese per mantenere l'ordine e la tranquillità. Le corrispondenze ricevute confermano che i lavori della Commissione procedono con regolarità, e che le deliberazioni saranno rese note quanto prima. Il Consiglio comunale si è radunato nella sala maggiore del palazzo, e dopo lunga discussione ha approvato il bilancio proposto dalla Giunta. Si annunzia inoltre che il servigio dei piroscafi fra questo porto e Trieste sarà ripreso col giorno primo del mese venturo, con le solite partenze.

Dopo le notizie giunte da varie parti, il Governo ha stimato opportuno di pubblicare gli atti che seguono, affinchè il pubblico conosca lo stato delle cose e le disposizioni prese per mantenere l'ordine e la tranquillità. Le corrispondenze ricevute confermano che i lavori della Commissione procedono con regolarità, e che le deliberazioni saranno rese note quanto prima. Il Consiglio comunale si è radunato nella sala maggiore del palazzo, e dopo lunga discussione ha approvato il bilancio proposto dalla Giunta. Si annunzia inoltre che il servigio dei piroscafi fra questo porto e Trieste sarà ripreso col giorno primo del mese venturo, con le solite partenze. Dopo le notizie giunte da varie parti, il Governo ha stimato opportuno di pubblicare gli atti che seguono, affinchè il pubblico conosca lo stato delle cose e le disposizioni prese per mantenere l'ordine e la tranquillità. Le corrispondenze ricevute confermano che i lavori della Commissione procedono con regolarità, e che le deliberazioni saranno rese note quanto prima. Il Consiglio comunale si è radunato nella sala maggiore del palazzo, e dopo lunga discussione ha approvato il bilancio proposto dalla Giunta. Si annunzia inoltre che il servigio dei piroscafi fra questo porto e Trieste sarà ripreso col giorno primo del mese venturo, con le solite partenze. Dopo le notizie giunte da varie parti, il Governo ha stimato opportuno di pubblicare gli atti che seguono, affinchè il pubblico conosca lo stato delle cose e le disposizioni prese per mantenere l'ordine e la tranquillità. Le corrispondenze ricevute confermano che i lavori della Commissione procedono con regolarità, e che le deliberazioni saranno rese note quanto prima. Il Consiglio comunale si è radunato nella sala maggiore del palazzo, e dopo lunga discussione ha approvato il bilancio proposto dalla Giunta. Si annunzia inoltre che il servigio dei piroscafi fra questo porto e Trieste sarà ripreso col giorno primo del mese venturo, con le solite partenze.

FATTI DIVERSI.

Dopo le notizie giunte da varie parti, il Governo ha stimato opportuno di pubblicare gli atti che seguono, affinchè il pubblico conosca lo stato delle cose e le disposizioni prese per mantenere l'ordine e la tranquillità. Le corrispondenze ricevute confermano che i lavori della Commissione procedono con regolarità, e che le deliberazioni saranno rese note quanto prima. Il Consiglio comunale si è radunato nella sala maggiore del palazzo, e dopo lunga discussione ha approvato il bilancio proposto dalla Giunta. Si annunzia inoltre che il servigio dei piroscafi fra questo porto e Trieste sarà ripreso col giorno primo del mese venturo, con le solite partenze. Dopo le notizie giunte da varie parti, il Governo ha stimato opportuno di pubblicare gli atti che seguono, affinchè il pubblico conosca lo stato delle cose e le disposizioni prese per mantenere l'ordine e la tranquillità. Le corrispondenze ricevute confermano che i lavori della Commissione procedono con regolarità, e che le deliberazioni saranno rese note quanto prima. Il Consiglio comunale si è radunato nella sala maggiore del palazzo, e dopo lunga discussione ha approvato il bilancio proposto dalla Giunta. Si annunzia inoltre che il servigio dei piroscafi fra questo porto e Trieste sarà ripreso col giorno primo del mese venturo, con le solite partenze. Dopo le notizie giunte da varie parti, il Governo ha stimato opportuno di pubblicare gli atti che seguono, affinchè il pubblico conosca lo stato delle cose e le disposizioni prese per mantenere l'ordine e la tranquillità. Le corrispondenze ricevute confermano che i lavori della Commissione procedono con regolarità, e che le deliberazioni saranno rese note quanto prima. Il Consiglio comunale si è radunato nella sala maggiore del palazzo, e dopo lunga discussione ha approvato il bilancio proposto dalla Giunta. Si annunzia inoltre che il servigio dei piroscafi fra questo porto e Trieste sarà ripreso col giorno primo del mese venturo, con le solite partenze. Dopo le notizie giunte da varie parti, il Governo ha stimato opportuno di pubblicare gli atti che seguono, affinchè il pubblico conosca lo stato delle cose e le disposizioni prese per mantenere l'ordine e la tranquillità. Le corrispondenze ricevute confermano che i lavori della Commissione procedono con regolarità, e che le deliberazioni saranno rese note quanto prima. Il Consiglio comunale si è radunato nella sala maggiore del palazzo, e dopo lunga discussione ha approvato il bilancio proposto dalla Giunta. Si annunzia inoltre che il servigio dei piroscafi fra questo porto e Trieste sarà ripreso col giorno primo del mese venturo, con le solite partenze.

Dopo le notizie giunte da varie parti, il Governo ha stimato opportuno di pubblicare gli atti che seguono, affinchè il pubblico conosca lo stato delle cose e le disposizioni prese per mantenere l'ordine e la tranquillità. Le corrispondenze ricevute confermano che i lavori della Commissione procedono con regolarità, e che le deliberazioni saranno rese note quanto prima. Il Consiglio comunale si è radunato nella sala maggiore del palazzo, e dopo lunga discussione ha approvato il bilancio proposto dalla Giunta. Si annunzia inoltre che il servigio dei piroscafi fra questo porto e Trieste sarà ripreso col giorno primo del mese venturo, con le solite partenze. Dopo le notizie giunte da varie parti, il Governo ha stimato opportuno di pubblicare gli atti che seguono, affinchè il pubblico conosca lo stato delle cose e le disposizioni prese per mantenere l'ordine e la tranquillità. Le corrispondenze ricevute confermano che i lavori della Commissione procedono con regolarità, e che le deliberazioni saranno rese note quanto prima. Il Consiglio comunale si è radunato nella sala maggiore del palazzo, e dopo lunga discussione ha approvato il bilancio proposto dalla Giunta. Si annunzia inoltre che il servigio dei piroscafi fra questo porto e Trieste sarà ripreso col giorno primo del mese venturo, con le solite partenze. Dopo le notizie giunte da varie parti, il Governo ha stimato opportuno di pubblicare gli atti che seguono, affinchè il pubblico conosca lo stato delle cose e le disposizioni prese per mantenere l'ordine e la tranquillità. Le corrispondenze ricevute confermano che i lavori della Commissione procedono con regolarità, e che le deliberazioni saranno rese note quanto prima. Il Consiglio comunale si è radunato nella sala maggiore del palazzo, e dopo lunga discussione ha approvato il bilancio proposto dalla Giunta. Si annunzia inoltre che il servigio dei piroscafi fra questo porto e Trieste sarà ripreso col giorno primo del mese venturo, con le solite partenze. Dopo le notizie giunte da varie parti, il Governo ha stimato opportuno di pubblicare gli atti che seguono, affinchè il pubblico conosca lo stato delle cose e le disposizioni prese per mantenere l'ordine e la tranquillità. Le corrispondenze ricevute confermano che i lavori della Commissione procedono con regolarità, e che le deliberazioni saranno rese note quanto prima. Il Consiglio comunale si è radunato nella sala maggiore del palazzo, e dopo lunga discussione ha approvato il bilancio proposto dalla Giunta. Si annunzia inoltre che il servigio dei piroscafi fra questo porto e Trieste sarà ripreso col giorno primo del mese venturo, con le solite partenze. Dopo le notizie giunte da varie parti, il Governo ha stimato opportuno di pubblicare gli atti che seguono, affinchè il pubblico conosca lo stato delle cose e le disposizioni prese per mantenere l'ordine e la tranquillità. Le corrispondenze ricevute confermano che i lavori della Commissione procedono con regolarità, e che le deliberazioni saranno rese note quanto prima. Il Consiglio comunale si è radunato nella sala maggiore del palazzo, e dopo lunga discussione ha approvato il bilancio proposto dalla Giunta. Si annunzia inoltre che il servigio dei piroscafi fra questo porto e Trieste sarà ripreso col giorno primo del mese venturo, con le solite partenze.

Dopo le notizie giunte da varie parti, il Governo ha stimato opportuno di pubblicare gli atti che seguono, affinchè il pubblico conosca lo stato delle cose e le disposizioni prese per mantenere l'ordine e la tranquillità. Le corrispondenze ricevute confermano che i lavori della Commissione procedono con regolarità, e che le deliberazioni saranno rese note quanto prima. Il Consiglio comunale si è radunato nella sala maggiore del palazzo, e dopo lunga discussione ha approvato il bilancio proposto dalla Giunta. Si annunzia inoltre che il servigio dei piroscafi fra questo porto e Trieste sarà ripreso col giorno primo del mese venturo, con le solite partenze. Dopo le notizie giunte da varie parti, il Governo ha stimato opportuno di pubblicare gli atti che seguono, affinchè il pubblico conosca lo stato delle cose e le disposizioni prese per mantenere l'ordine e la tranquillità. Le corrispondenze ricevute confermano che i lavori della Commissione procedono con regolarità, e che le deliberazioni saranno rese note quanto prima. Il Consiglio comunale si è radunato nella sala maggiore del palazzo, e dopo lunga discussione ha approvato il bilancio proposto dalla Giunta. Si annunzia inoltre che il servigio dei piroscafi fra questo porto e Trieste sarà ripreso col giorno primo del mese venturo, con le solite partenze. Dopo le notizie giunte da varie parti, il Governo ha stimato opportuno di pubblicare gli atti che seguono, affinchè il pubblico conosca lo stato delle cose e le disposizioni prese per mantenere l'ordine e la tranquillità. Le corrispondenze ricevute confermano che i lavori della Commissione procedono con regolarità, e che le deliberazioni saranno rese note quanto prima. Il Consiglio comunale si è radunato nella sala maggiore del palazzo, e dopo lunga discussione ha approvato il bilancio proposto dalla Giunta. Si annunzia inoltre che il servigio dei piroscafi fra questo porto e Trieste sarà ripreso col giorno primo del mese venturo, con le solite partenze.

Dopo le notizie giunte da varie parti, il Governo ha stimato opportuno di pubblicare gli atti che seguono, affinchè il pubblico conosca lo stato delle cose e le disposizioni prese per mantenere l'ordine e la tranquillità. Le corrispondenze ricevute confermano che i lavori della Commissione procedono con regolarità, e che le deliberazioni saranno rese note quanto prima. Il Consiglio comunale si è radunato nella sala maggiore del palazzo, e dopo lunga discussione ha approvato il bilancio proposto dalla Giunta. Si annunzia inoltre che il servigio dei piroscafi fra questo porto e Trieste sarà ripreso col giorno primo del mese venturo, con le solite partenze. Dopo le notizie giunte da varie parti, il Governo ha stimato opportuno di pubblicare gli atti che seguono, affinchè il pubblico conosca lo stato delle cose e le disposizioni prese per mantenere l'ordine e la tranquillità. Le corrispondenze ricevute confermano che i lavori della Commissione procedono con regolarità, e che le deliberazioni saranno rese note quanto prima. Il Consiglio comunale si è radunato nella sala maggiore del palazzo, e dopo lunga discussione ha approvato il bilancio proposto dalla Giunta. Si annunzia inoltre che il servigio dei piroscafi fra questo porto e Trieste sarà ripreso col giorno primo del mese venturo, con le solite partenze. Dopo le notizie giunte da varie parti, il Governo ha stimato opportuno di pubblicare gli atti che seguono, affinchè il pubblico conosca lo stato delle cose e le disposizioni prese per mantenere l'ordine e la tranquillità. Le corrispondenze ricevute confermano che i lavori della Commissione procedono con regolarità, e che le deliberazioni saranno rese note quanto prima. Il Consiglio comunale si è radunato nella sala maggiore del palazzo, e dopo lunga discussione ha approvato il bilancio proposto dalla Giunta. Si annunzia inoltre che il servigio dei piroscafi fra questo porto e Trieste sarà ripreso col giorno primo del mese venturo, con le solite partenze. Dopo le notizie giunte da varie parti, il Governo ha stimato opportuno di pubblicare gli atti che seguono, affinchè il pubblico conosca lo stato delle cose e le disposizioni prese per mantenere l'ordine e la tranquillità. Le corrispondenze ricevute confermano che i lavori della Commissione procedono con regolarità, e che le deliberazioni saranno rese note quanto prima. Il Consiglio comunale si è radunato nella sala maggiore del palazzo, e dopo lunga discussione ha approvato il bilancio proposto dalla Giunta. Si annunzia inoltre che il servigio dei piroscafi fra questo porto e Trieste sarà ripreso col giorno primo del mese venturo, con le solite partenze.

Dopo le notizie giunte da varie parti, il Governo ha stimato opportuno di pubblicare gli atti che seguono, affinchè il pubblico conosca lo stato delle cose e le disposizioni prese per mantenere l'ordine e la tranquillità. Le corrispondenze ricevute confermano che i lavori della Commissione procedono con regolarità, e che le deliberazioni saranno rese note quanto prima. Il Consiglio comunale si è radunato nella sala maggiore del palazzo, e dopo lunga discussione ha approvato il bilancio proposto dalla Giunta. Si annunzia inoltre che il servigio dei piroscafi fra questo porto e Trieste sarà ripreso col giorno primo del mese venturo, con le solite partenze. Dopo le notizie giunte da varie parti, il Governo ha stimato opportuno di pubblicare gli atti che seguono, affinchè il pubblico conosca lo stato delle cose e le disposizioni prese per mantenere l'ordine e la tranquillità. Le corrispondenze ricevute confermano che i lavori della Commissione procedono con regolarità, e che le deliberazioni saranno rese note quanto prima. Il Consiglio comunale si è radunato nella sala maggiore del palazzo, e dopo lunga discussione ha approvato il bilancio proposto dalla Giunta. Si annunzia inoltre che il servigio dei piroscafi fra questo porto e Trieste sarà ripreso col giorno primo del mese venturo, con le solite partenze. Dopo le notizie giunte da varie parti, il Governo ha stimato opportuno di pubblicare gli atti che seguono, affinchè il pubblico conosca lo stato delle cose e le disposizioni prese per mantenere l'ordine e la tranquillità. Le corrispondenze ricevute confermano che i lavori della Commissione procedono con regolarità, e che le deliberazioni saranno rese note quanto prima. Il Consiglio comunale si è radunato nella sala maggiore del palazzo, e dopo lunga discussione ha approvato il bilancio proposto dalla Giunta. Si annunzia inoltre che il servigio dei piroscafi fra questo porto e Trieste sarà ripreso col giorno primo del mese venturo, con le solite partenze. Dopo le notizie giunte da varie parti, il Governo ha stimato opportuno di pubblicare gli atti che seguono, affinchè il pubblico conosca lo stato delle cose e le disposizioni prese per mantenere l'ordine e la tranquillità. Le corrispondenze ricevute confermano che i lavori della Commissione procedono con regolarità, e che le deliberazioni saranno rese note quanto prima. Il Consiglio comunale si è radunato nella sala maggiore del palazzo, e dopo lunga discussione ha approvato il bilancio proposto dalla Giunta. Si annunzia inoltre che il servigio dei piroscafi fra questo porto e Trieste sarà ripreso col giorno primo del mese venturo, con le solite partenze. Dopo le notizie giunte da varie parti, il Governo ha stimato opportuno di pubblicare gli atti che seguono, affinchè il pubblico conosca lo stato delle cose e le disposizioni prese per mantenere l'ordine e la tranquillità. Le corrispondenze ricevute confermano che i lavori della Commissione procedono con regolarità, e che le deliberazioni saranno rese note quanto prima. Il Consiglio comunale si è radunato nella sala maggiore del palazzo, e dopo lunga discussione ha approvato il bilancio proposto dalla Giunta. Si annunzia inoltre che il servigio dei piroscafi fra questo porto e Trieste sarà ripreso col giorno primo del mese venturo, con le solite partenze.

Dopo le notizie giunte da varie parti, il Governo ha stimato opportuno di pubblicare gli atti che seguono, affinchè il pubblico conosca lo stato delle cose e le disposizioni prese per mantenere l'ordine e la tranquillità. Le corrispondenze ricevute confermano che i lavori della Commissione procedono con regolarità, e che le deliberazioni saranno rese note quanto prima. Il Consiglio comunale si è radunato nella sala maggiore del palazzo, e dopo lunga discussione ha approvato il bilancio proposto dalla Giunta. Si annunzia inoltre che il servigio dei piroscafi fra questo porto e Trieste sarà ripreso col giorno primo del mese venturo, con le solite partenze. Dopo le notizie giunte da varie parti, il Governo ha stimato opportuno di pubblicare gli atti che seguono, affinchè il pubblico conosca lo stato delle cose e le disposizioni prese per mantenere l'ordine e la tranquillità. Le corrispondenze ricevute confermano che i lavori della Commissione procedono con regolarità, e che le deliberazioni saranno rese note quanto prima. Il Consiglio comunale si è radunato nella sala maggiore del palazzo, e dopo lunga discussione ha approvato il bilancio proposto dalla Giunta. Si annunzia inoltre che il servigio dei piroscafi fra questo porto e Trieste sarà ripreso col giorno primo del mese venturo, con le solite partenze. Dopo le notizie giunte da varie parti, il Governo ha stimato opportuno di pubblicare gli atti che seguono, affinchè il pubblico conosca lo stato delle cose e le disposizioni prese per mantenere l'ordine e la tranquillità. Le corrispondenze ricevute confermano che i lavori della Commissione procedono con regolarità, e che le deliberazioni saranno rese note quanto prima. Il Consiglio comunale si è radunato nella sala maggiore del palazzo, e dopo lunga discussione ha approvato il bilancio proposto dalla Giunta. Si annunzia inoltre che il servigio dei piroscafi fra questo porto e Trieste sarà ripreso col giorno primo del mese venturo, con le solite partenze.

Musica sacra.

Dopo le notizie giunte da varie parti, il Governo ha stimato opportuno di pubblicare gli atti che seguono, affinchè il pubblico conosca lo stato delle cose e le disposizioni prese per mantenere l'ordine e la tranquillità. Le corrispondenze ricevute confermano che i lavori della Commissione procedono con regolarità, e che le deliberazioni saranno rese note quanto prima. Il Consiglio comunale si è radunato nella sala maggiore del palazzo, e dopo lunga discussione ha approvato il bilancio proposto dalla Giunta. Si annunzia inoltre che il servigio dei piroscafi fra questo porto e Trieste sarà ripreso col giorno primo del mese venturo, con le solite partenze. Dopo le notizie giunte da varie parti, il Governo ha stimato opportuno di pubblicare gli atti che seguono, affinchè il pubblico conosca lo stato delle cose e le disposizioni prese per mantenere l'ordine e la tranquillità. Le corrispondenze ricevute confermano che i lavori della Commissione procedono con regolarità, e che le deliberazioni saranno rese note quanto prima. Il Consiglio comunale si è radunato nella sala maggiore del palazzo, e dopo lunga discussione ha approvato il bilancio proposto dalla Giunta. Si annunzia inoltre che il servigio dei piroscafi fra questo porto e Trieste sarà ripreso col giorno primo del mese venturo, con le solite partenze. Dopo le notizie giunte da varie parti, il Governo ha stimato opportuno di pubblicare gli atti che seguono, affinchè il pubblico conosca lo stato delle cose e le disposizioni prese per mantenere l'ordine e la tranquillità. Le corrispondenze ricevute confermano che i lavori della Commissione procedono con regolarità, e che le deliberazioni saranno rese note quanto prima. Il Consiglio comunale si è radunato nella sala maggiore del palazzo, e dopo lunga discussione ha approvato il bilancio proposto dalla Giunta. Si annunzia inoltre che il servigio dei piroscafi fra questo porto e Trieste sarà ripreso col giorno primo del mese venturo, con le solite partenze. Dopo le notizie giunte da varie parti, il Governo ha stimato opportuno di pubblicare gli atti che seguono, affinchè il pubblico conosca lo stato delle cose e le disposizioni prese per mantenere l'ordine e la tranquillità. Le corrispondenze ricevute confermano che i lavori della Commissione procedono con regolarità, e che le deliberazioni saranno rese note quanto prima. Il Consiglio comunale si è radunato nella sala maggiore del palazzo, e dopo lunga discussione ha approvato il bilancio proposto dalla Giunta. Si annunzia inoltre che il servigio dei piroscafi fra questo porto e Trieste sarà ripreso col giorno primo del mese venturo, con le solite partenze.

Dopo le notizie giunte da varie parti, il Governo ha stimato opportuno di pubblicare gli atti che seguono, affinchè il pubblico conosca lo stato delle cose e le disposizioni prese per mantenere l'ordine e la tranquillità. Le corrispondenze ricevute confermano che i lavori della Commissione procedono con regolarità, e che le deliberazioni saranno rese note quanto prima. Il Consiglio comunale si è radunato nella sala maggiore del palazzo, e dopo lunga discussione ha approvato il bilancio proposto dalla Giunta. Si annunzia inoltre che il servigio dei piroscafi fra questo porto e Trieste sarà ripreso col giorno primo del mese venturo, con le solite partenze. Dopo le notizie giunte da varie parti, il Governo ha stimato opportuno di pubblicare gli atti che seguono, affinchè il pubblico conosca lo stato delle cose e le disposizioni prese per mantenere l'ordine e la tranquillità. Le corrispondenze ricevute confermano che i lavori della Commissione procedono con regolarità, e che le deliberazioni saranno rese note quanto prima. Il Consiglio comunale si è radunato nella sala maggiore del palazzo, e dopo lunga discussione ha approvato il bilancio proposto dalla Giunta. Si annunzia inoltre che il servigio dei piroscafi fra questo porto e Trieste sarà ripreso col giorno primo del mese venturo, con le solite partenze. Dopo le notizie giunte da varie parti, il Governo ha stimato opportuno di pubblicare gli atti che seguono, affinchè il pubblico conosca lo stato delle cose e le disposizioni prese per mantenere l'ordine e la tranquillità. Le corrispondenze ricevute confermano che i lavori della Commissione procedono con regolarità, e che le deliberazioni saranno rese note quanto prima. Il Consiglio comunale si è radunato nella sala maggiore del palazzo, e dopo lunga discussione ha approvato il bilancio proposto dalla Giunta. Si annunzia inoltre che il servigio dei piroscafi fra questo porto e Trieste sarà ripreso col giorno primo del mese venturo, con le solite partenze. Dopo le notizie giunte da varie parti, il Governo ha stimato opportuno di pubblicare gli atti che seguono, affinchè il pubblico conosca lo stato delle cose e le disposizioni prese per mantenere l'ordine e la tranquillità. Le corrispondenze ricevute confermano che i lavori della Commissione procedono con regolarità, e che le deliberazioni saranno rese note quanto prima. Il Consiglio comunale si è radunato nella sala maggiore del palazzo, e dopo lunga discussione ha approvato il bilancio proposto dalla Giunta. Si annunzia inoltre che il servigio dei piroscafi fra questo porto e Trieste sarà ripreso col giorno primo del mese venturo, con le solite partenze. Dopo le notizie giunte da varie parti, il Governo ha stimato opportuno di pubblicare gli atti che seguono, affinchè il pubblico conosca lo stato delle cose e le disposizioni prese per mantenere l'ordine e la tranquillità. Le corrispondenze ricevute confermano che i lavori della Commissione procedono con regolarità, e che le deliberazioni saranno rese note quanto prima. Il Consiglio comunale si è radunato nella sala maggiore del palazzo, e dopo lunga discussione ha approvato il bilancio proposto dalla Giunta. Si annunzia inoltre che il servigio dei piroscafi fra questo porto e Trieste sarà ripreso col giorno primo del mese venturo, con le solite partenze.

Dopo le notizie giunte da varie parti, il Governo ha stimato opportuno di pubblicare gli atti che seguono, affinchè il pubblico conosca lo stato delle cose e le disposizioni prese per mantenere l'ordine e la tranquillità. Le corrispondenze ricevute confermano che i lavori della Commissione procedono con regolarità, e che le deliberazioni saranno rese note quanto prima. Il Consiglio comunale si è radunato nella sala maggiore del palazzo, e dopo lunga discussione ha approvato il bilancio proposto dalla Giunta. Si annunzia inoltre che il servigio dei piroscafi fra questo porto e Trieste sarà ripreso col giorno primo del mese venturo, con le solite partenze. Dopo le notizie giunte da varie parti, il Governo ha stimato opportuno di pubblicare gli atti che seguono, affinchè il pubblico conosca lo stato delle cose e le disposizioni prese per mantenere l'ordine e la tranquillità. Le corrispondenze ricevute confermano che i lavori della Commissione procedono con regolarità, e che le deliberazioni saranno rese note quanto prima. Il Consiglio comunale si è radunato nella sala maggiore del palazzo, e dopo lunga discussione ha approvato il bilancio proposto dalla Giunta. Si annunzia inoltre che il servigio dei piroscafi fra questo porto e Trieste sarà ripreso col giorno primo del mese venturo, con le solite partenze. Dopo le notizie giunte da varie parti, il Governo ha stimato opportuno di pubblicare gli atti che seguono, affinchè il pubblico conosca lo stato delle cose e le disposizioni prese per mantenere l'ordine e la tranquillità. Le corrispondenze ricevute confermano che i lavori della Commissione procedono con regolarità, e che le deliberazioni saranno rese note quanto prima. Il Consiglio comunale si è radunato nella sala maggiore del palazzo, e dopo lunga discussione ha approvato il bilancio proposto dalla Giunta. Si annunzia inoltre che il servigio dei piroscafi fra questo porto e Trieste sarà ripreso col giorno primo del mese venturo, con le solite partenze.

Dopo le notizie giunte da varie parti, il Governo ha stimato opportuno di pubblicare gli atti che seguono, affinchè il pubblico conosca lo stato delle cose e le disposizioni prese per mantenere l'ordine e la tranquillità. Le corrispondenze ricevute confermano che i lavori della Commissione procedono con regolarità, e che le deliberazioni saranno rese note quanto prima. Il Consiglio comunale si è radunato nella sala maggiore del palazzo, e dopo lunga discussione ha approvato il bilancio proposto dalla Giunta. Si annunzia inoltre che il servigio dei piroscafi fra questo porto e Trieste sarà ripreso col giorno primo del mese venturo, con le solite partenze. Dopo le notizie giunte da varie parti, il Governo ha stimato opportuno di pubblicare gli atti che seguono, affinchè il pubblico conosca lo stato delle cose e le disposizioni prese per mantenere l'ordine e la tranquillità. Le corrispondenze ricevute confermano che i lavori della Commissione procedono con regolarità, e che le deliberazioni saranno rese note quanto prima. Il Consiglio comunale si è radunato nella sala maggiore del palazzo, e dopo lunga discussione ha approvato il bilancio proposto dalla Giunta. Si annunzia inoltre che il servigio dei piroscafi fra questo porto e Trieste sarà ripreso col giorno primo del mese venturo, con le solite partenze. Dopo le notizie giunte da varie parti, il Governo ha stimato opportuno di pubblicare gli atti che seguono, affinchè il pubblico conosca lo stato delle cose e le disposizioni prese per mantenere l'ordine e la tranquillità. Le corrispondenze ricevute confermano che i lavori della Commissione procedono con regolarità, e che le deliberazioni saranno rese note quanto prima. Il Consiglio comunale si è radunato nella sala maggiore del palazzo, e dopo lunga discussione ha approvato il bilancio proposto dalla Giunta. Si annunzia inoltre che il servigio dei piroscafi fra questo porto e Trieste sarà ripreso col giorno primo del mese venturo, con le solite partenze. Dopo le notizie giunte da varie parti, il Governo ha stimato opportuno di pubblicare gli atti che seguono, affinchè il pubblico conosca lo stato delle cose e le disposizioni prese per mantenere l'ordine e la tranquillità. Le corrispondenze ricevute confermano che i lavori della Commissione procedono con regolarità, e che le deliberazioni saranno rese note quanto prima. Il Consiglio comunale si è radunato nella sala maggiore del palazzo, e dopo lunga discussione ha approvato il bilancio proposto dalla Giunta. Si annunzia inoltre che il servigio dei piroscafi fra questo porto e Trieste sarà ripreso col giorno primo del mese venturo, con le solite partenze.

Dopo le notizie giunte da varie parti, il Governo ha stimato opportuno di pubblicare gli atti che seguono, affinchè il pubblico conosca lo stato delle cose e le disposizioni prese per mantenere l'ordine e la tranquillità. Le corrispondenze ricevute confermano che i lavori della Commissione procedono con regolarità, e che le deliberazioni saranno rese note quanto prima. Il Consiglio comunale si è radunato nella sala maggiore del palazzo, e dopo lunga discussione ha approvato il bilancio proposto dalla Giunta. Si annunzia inoltre che il servigio dei piroscafi fra questo porto e Trieste sarà ripreso col giorno primo del mese venturo, con le solite partenze. Dopo le notizie giunte da varie parti, il Governo ha stimato opportuno di pubblicare gli atti che seguono, affinchè il pubblico conosca lo stato delle cose e le disposizioni prese per mantenere l'ordine e la tranquillità. Le corrispondenze ricevute confermano che i lavori della Commissione procedono con regolarità, e che le deliberazioni saranno rese note quanto prima. Il Consiglio comunale si è radunato nella sala maggiore del palazzo, e dopo lunga discussione ha approvato il bilancio proposto dalla Giunta. Si annunzia inoltre che il servigio dei piroscafi fra questo porto e Trieste sarà ripreso col giorno primo del mese venturo, con le solite partenze. Dopo le notizie giunte da varie parti, il Governo ha stimato opportuno di pubblicare gli atti che seguono, affinchè il pubblico conosca lo stato delle cose e le disposizioni prese per mantenere l'ordine e la tranquillità. Le corrispondenze ricevute confermano che i lavori della Commissione procedono con regolarità, e che le deliberazioni saranno rese note quanto prima. Il Consiglio comunale si è radunato nella sala maggiore del palazzo, e dopo lunga discussione ha approvato il bilancio proposto dalla Giunta. Si annunzia inoltre che il servigio dei piroscafi fra questo porto e Trieste sarà ripreso col giorno primo del mese venturo, con le solite partenze. Dopo le notizie giunte da varie parti, il Governo ha stimato opportuno di pubblicare gli atti che seguono, affinchè il pubblico conosca lo stato delle cose e le disposizioni prese per mantenere l'ordine e la tranquillità. Le corrispondenze ricevute confermano che i lavori della Commissione procedono con regolarità, e che le deliberazioni saranno rese note quanto prima. Il Consiglio comunale si è radunato nella sala maggiore del palazzo, e dopo lunga discussione ha approvato il bilancio proposto dalla Giunta. Si annunzia inoltre che il servigio dei piroscafi fra questo porto e Trieste sarà ripreso col giorno primo del mese venturo, con le solite partenze. Dopo le notizie giunte da varie parti, il Governo ha stimato opportuno di pubblicare gli atti che seguono, affinchè il pubblico conosca lo stato delle cose e le disposizioni prese per mantenere l'ordine e la tranquillità. Le corrispondenze ricevute confermano che i lavori della Commissione procedono con regolarità, e che le deliberazioni saranno rese note quanto prima. Il Consiglio comunale si è radunato nella sala maggiore del palazzo, e dopo lunga discussione ha approvato il bilancio proposto dalla Giunta. Si annunzia inoltre che il servigio dei piroscafi fra questo porto e Trieste sarà ripreso col giorno primo del mese venturo, con le solite partenze.

Dopo le notizie giunte da varie parti, il Governo ha stimato opportuno di pubblicare gli atti che seguono, affinchè il pubblico conosca lo stato delle cose e le disposizioni prese per mantenere l'ordine e la tranquillità. Le corrispondenze ricevute confermano che i lavori della Commissione procedono con regolarità, e che le deliberazioni saranno rese note quanto prima. Il Consiglio comunale si è radunato nella sala maggiore del palazzo, e dopo lunga discussione ha approvato il bilancio proposto dalla Giunta. Si annunzia inoltre che il servigio dei piroscafi fra questo porto e Trieste sarà ripreso col giorno primo del mese venturo, con le solite partenze. Dopo le notizie giunte da varie parti, il Governo ha stimato opportuno di pubblicare gli atti che seguono, affinchè il pubblico conosca lo stato delle cose e le disposizioni prese per mantenere l'ordine e la tranquillità. Le corrispondenze ricevute confermano che i lavori della Commissione procedono con regolarità, e che le deliberazioni saranno rese note quanto prima. Il Consiglio comunale si è radunato nella sala maggiore del palazzo, e dopo lunga discussione ha approvato il bilancio proposto dalla Giunta. Si annunzia inoltre che il servigio dei piroscafi fra questo porto e Trieste sarà ripreso col giorno primo del mese venturo, con le solite partenze. Dopo le notizie giunte da varie parti, il Governo ha stimato opportuno di pubblicare gli atti che seguono, affinchè il pubblico conosca lo stato delle cose e le disposizioni prese per mantenere l'ordine e la tranquillità. Le corrispondenze ricevute confermano che i lavori della Commissione procedono con regolarità, e che le deliberazioni saranno rese note quanto prima. Il Consiglio comunale si è radunato nella sala maggiore del palazzo, e dopo lunga discussione ha approvato il bilancio proposto dalla Giunta. Si annunzia inoltre che il servigio dei piroscafi fra questo porto e Trieste sarà ripreso col giorno primo del mese venturo, con le solite partenze.

Venezia, 27 aprile 1865.

Dopo le notizie giunte da varie parti, il Governo ha stimato opportuno di pubblicare gli atti che seguono, affinchè il pubblico conosca lo stato delle cose e le disposizioni prese per mantenere l'ordine e la tranquillità. Le corrispondenze ricevute confermano che i lavori della Commissione procedono con regolarità, e che le deliberazioni saranno rese note quanto prima. Il Consiglio comunale si è radunato nella sala maggiore del palazzo, e dopo lunga discussione ha approvato il bilancio proposto dalla Giunta. Si annunzia inoltre che il servigio dei piroscafi fra questo porto e Trieste sarà ripreso col giorno primo del mese venturo, con le solite partenze. Dopo le notizie giunte da varie parti, il Governo ha stimato opportuno di pubblicare gli atti che seguono, affinchè il pubblico conosca lo stato delle cose e le disposizioni prese per mantenere l'ordine e la tranquillità. Le corrispondenze ricevute confermano che i lavori della Commissione procedono con regolarità, e che le deliberazioni saranno rese note quanto prima. Il Consiglio comunale si è radunato nella sala maggiore del palazzo, e dopo lunga discussione ha approvato il bilancio proposto dalla Giunta. Si annunzia inoltre che il servigio dei piroscafi fra questo porto e Trieste sarà ripreso col giorno primo del mese venturo, con le solite partenze. Dopo le notizie giunte da varie parti, il Governo ha stimato opportuno di pubblicare gli atti che seguono, affinchè il pubblico conosca lo stato delle cose e le disposizioni prese per mantenere l'ordine e la tranquillità. Le corrispondenze ricevute confermano che i lavori della Commissione procedono con regolarità, e che le deliberazioni saranno rese note quanto prima. Il Consiglio comunale si è radunato nella sala maggiore del palazzo, e dopo lunga discussione ha approvato il bilancio proposto dalla Giunta. Si annunzia inoltre che il servigio dei piroscafi fra questo porto e Trieste sarà ripreso col giorno primo del mese venturo, con le solite partenze. Dopo le notizie giunte da varie parti, il Governo ha stimato opportuno di pubblicare gli atti che seguono, affinchè il pubblico conosca lo stato delle cose e le disposizioni prese per mantenere l'ordine e la tranquillità. Le corrispondenze ricevute confermano che i lavori della Commissione procedono con regolarità, e che le deliberazioni saranno rese note quanto prima. Il Consiglio comunale si è radunato nella sala maggiore del palazzo, e dopo lunga discussione ha approvato il bilancio proposto dalla Giunta. Si annunzia inoltre che il servigio dei piroscafi fra questo porto e Trieste sarà ripreso col giorno primo del mese venturo, con le solite partenze.

L'AVVISATORE MERCANTILE
Giornale di commercio, d'industria e varietà.

Dopo le notizie giunte da varie parti, il Governo ha stimato opportuno di pubblicare gli atti che seguono, affinchè il pubblico conosca lo stato delle cose e le disposizioni prese per mantenere l'ordine e la tranquillità. Le corrispondenze ricevute confermano che i lavori della Commissione procedono con regolarità, e che le deliberazioni saranno rese note quanto prima. Il Consiglio comunale si è radunato nella sala maggiore del palazzo, e dopo lunga discussione ha approvato il bilancio proposto dalla Giunta. Si annunzia inoltre che il servigio dei piroscafi fra questo porto e Trieste sarà ripreso col giorno primo del mese venturo, con le solite partenze. Dopo le notizie giunte da varie parti, il Governo ha stimato opportuno di pubblicare gli atti che seguono, affinchè il pubblico conosca lo stato delle cose e le disposizioni prese per mantenere l'ordine e la tranquillità. Le corrispondenze ricevute confermano che i lavori della Commissione procedono con regolarità, e che le deliberazioni saranno rese note quanto prima. Il Consiglio comunale si è radunato nella sala maggiore del palazzo, e dopo lunga discussione ha approvato il bilancio proposto dalla Giunta. Si annunzia inoltre che il servigio dei piroscafi fra questo porto e Trieste sarà ripreso col giorno primo del mese venturo, con le solite partenze. Dopo le notizie giunte da varie parti, il Governo ha stimato opportuno di pubblicare gli atti che seguono, affinchè il pubblico conosca lo stato delle cose e le disposizioni prese per mantenere l'ordine e la tranquillità. Le corrispondenze ricevute confermano che i lavori della Commissione procedono con regolarità, e che le deliberazioni saranno rese note quanto prima. Il Consiglio comunale si è radunato nella sala maggiore del palazzo, e dopo lunga discussione ha approvato il bilancio proposto dalla Giunta. Si annunzia inoltre che il servigio dei piroscafi fra questo porto e Trieste sarà ripreso col giorno primo del mese venturo, con le solite partenze. Dopo le notizie giunte da varie parti, il Governo ha stimato opportuno di pubblicare gli atti che seguono, affinchè il pubblico conosca lo stato delle cose e le disposizioni prese per mantenere l'ordine e la tranquillità. Le corrispondenze ricevute confermano che i lavori della Commissione procedono con regolarità, e che le deliberazioni saranno rese note quanto prima. Il Consiglio comunale si è radunato nella sala maggiore del palazzo, e dopo lunga discussione ha approvato il bilancio proposto dalla Giunta. Si annunzia inoltre che il servigio dei piroscafi fra questo porto e Trieste sarà ripreso col giorno primo del mese venturo, con le solite partenze. Dopo le notizie giunte da varie parti, il Governo ha stimato opportuno di pubblicare gli atti che seguono, affinchè il pubblico conosca lo stato delle cose e le disposizioni prese per mantenere l'ordine e la tranquillità. Le corrispondenze ricevute confermano che i lavori della Commissione procedono con regolarità, e che le deliberazioni saranno rese note quanto prima. Il Consiglio comunale si è radunato nella sala maggiore del palazzo, e dopo lunga discussione ha approvato il bilancio proposto dalla Giunta. Si annunzia inoltre che il servigio dei piroscafi fra questo porto e Trieste sarà ripreso col giorno primo del mese venturo, con le solite partenze.

Dopo le notizie giunte da varie parti, il Governo ha stimato opportuno di pubblicare gli atti che seguono, affinchè il pubblico conosca lo stato delle cose e le disposizioni prese per mantenere l'ordine e la tranquillità. Le corrispondenze ricevute confermano che i lavori della Commissione procedono con regolarità, e che le deliberazioni saranno rese note quanto prima. Il Consiglio comunale si è radunato nella sala maggiore del palazzo, e dopo lunga discussione ha approvato il bilancio proposto dalla Giunta. Si annunzia inoltre che il servigio dei piroscafi fra questo porto e Trieste sarà ripreso col giorno primo del mese venturo, con le solite partenze. Dopo le notizie giunte da varie parti, il Governo ha stimato opportuno di pubblicare gli atti che seguono, affinchè il pubblico conosca lo stato delle cose e le disposizioni prese per mantenere l'ordine e la tranquillità. Le corrispondenze ricevute confermano che i lavori della Commissione procedono con regolarità, e che le deliberazioni saranno rese note quanto prima. Il Consiglio comunale si è radunato nella sala maggiore del palazzo, e dopo lunga discussione ha approvato il bilancio proposto dalla Giunta. Si annunzia inoltre che il servigio dei piroscafi fra questo porto e Trieste sarà ripreso col giorno primo del mese venturo, con le solite partenze. Dopo le notizie giunte da varie parti, il Governo ha stimato opportuno di pubblicare gli atti che seguono, affinchè il pubblico conosca lo stato delle cose e le disposizioni prese per mantenere l'ordine e la tranquillità. Le corrispondenze ricevute confermano che i lavori della Commissione procedono con regolarità, e che le deliberazioni saranno rese note quanto prima. Il Consiglio comunale si è radunato nella sala maggiore del palazzo, e dopo lunga discussione ha approvato il bilancio proposto dalla Giunta. Si annunzia inoltre che il servigio dei piroscafi fra questo porto e Trieste sarà ripreso col giorno primo del mese venturo, con le solite partenze.

ARTICOLI COMUNICATI.
✝
Maria nob. contessa Quirini-Benardi.

Dopo le notizie giunte da varie parti, il Governo ha stimato opportuno di pubblicare gli atti che seguono, affinchè il pubblico conosca lo stato delle cose e le disposizioni prese per mantenere l'ordine e la tranquillità. Le corrispondenze ricevute confermano che i lavori della Commissione procedono con regolarità, e che le deliberazioni saranno rese note quanto prima. Il Consiglio comunale si è radunato nella sala maggiore del palazzo, e dopo lunga discussione ha approvato il bilancio proposto dalla Giunta. Si annunzia inoltre che il servigio dei piroscafi fra questo porto e Trieste sarà ripreso col giorno primo del mese venturo, con le solite partenze. Dopo le notizie giunte da varie parti, il Governo ha stimato opportuno di pubblicare gli atti che seguono, affinchè il pubblico conosca lo stato delle cose e le disposizioni prese per mantenere l'ordine e la tranquillità. Le corrispondenze ricevute confermano che i lavori della Commissione procedono con regolarità, e che le deliberazioni saranno rese note quanto prima. Il Consiglio comunale si è radunato nella sala maggiore del palazzo, e dopo lunga discussione ha approvato il bilancio proposto dalla Giunta. Si annunzia inoltre che il servigio dei piroscafi fra questo porto e Trieste sarà ripreso col giorno primo del mese venturo, con le solite partenze. Dopo le notizie giunte da varie parti, il Governo ha stimato opportuno di pubblicare gli atti che seguono, affinchè il pubblico conosca lo stato delle cose e le disposizioni prese per mantenere l'ordine e la tranquillità. Le corrispondenze ricevute confermano che i lavori della Commissione procedono con regolarità, e che le deliberazioni saranno rese note quanto prima. Il Consiglio comunale si è radunato nella sala maggiore del palazzo, e dopo lunga discussione ha approvato il bilancio proposto dalla Giunta. Si annunzia inoltre che il servigio dei piroscafi fra questo porto e Trieste sarà ripreso col giorno primo del mese venturo, con le solite partenze. Dopo le notizie giunte da varie parti, il Governo ha stimato opportuno di pubblicare gli atti che seguono, affinchè il pubblico conosca lo stato delle cose e le disposizioni prese per mantenere l'ordine e la tranquillità. Le corrispondenze ricevute confermano che i lavori della Commissione procedono con regolarità, e che le deliberazioni saranno rese note quanto prima. Il Consiglio comunale si è radunato nella sala maggiore del palazzo, e dopo lunga discussione ha approvato il bilancio proposto dalla Giunta. Si annunzia inoltre che il servigio dei piroscafi fra questo porto e Trieste sarà ripreso col giorno primo del mese venturo, con le solite partenze.

Dopo le notizie giunte da varie parti, il Governo ha stimato opportuno di pubblicare gli atti che seguono, affinchè il pubblico conosca lo stato delle cose e le disposizioni prese per mantenere l'ordine e la tranquillità. Le corrispondenze ricevute confermano che i lavori della Commissione procedono con regolarità, e che le deliberazioni saranno rese note quanto prima. Il Consiglio comunale si è radunato nella sala maggiore del palazzo, e dopo lunga discussione ha approvato il bilancio proposto dalla Giunta. Si annunzia inoltre che il servigio dei piroscafi fra questo porto e Trieste sarà ripreso col giorno primo del mese venturo, con le solite partenze. Dopo le notizie giunte da varie parti, il Governo ha stimato opportuno di pubblicare gli atti che seguono, affinchè il pubblico conosca lo stato delle cose e le disposizioni prese per mantenere l'ordine e la tranquillità. Le corrispondenze ricevute confermano che i lavori della Commissione procedono con regolarità, e che le deliberazioni saranno rese note quanto prima. Il Consiglio comunale si è radunato nella sala maggiore del palazzo, e dopo lunga discussione ha approvato il bilancio proposto dalla Giunta. Si annunzia inoltre che il servigio dei piroscafi fra questo porto e Trieste sarà ripreso col giorno primo del mese venturo, con le solite partenze. Dopo le notizie giunte da varie parti, il Governo ha stimato opportuno di pubblicare gli atti che seguono, affinchè il pubblico conosca lo stato delle cose e le disposizioni prese per mantenere l'ordine e la tranquillità. Le corrispondenze ricevute confermano che i lavori della Commissione procedono con regolarità, e che le deliberazioni saranno rese note quanto prima. Il Consiglio comunale si è radunato nella sala maggiore del palazzo, e dopo lunga discussione ha approvato il bilancio proposto dalla Giunta. Si annunzia inoltre che il servigio dei piroscafi fra questo porto e Trieste sarà ripreso col giorno primo del mese venturo, con le solite partenze. Dopo le notizie giunte da varie parti, il Governo ha stimato opportuno di pubblicare gli atti che seguono, affinchè il pubblico conosca lo stato delle cose e le disposizioni prese per mantenere l'ordine e la tranquillità. Le corrispondenze ricevute confermano che i lavori della Commissione procedono con regolarità, e che le deliberazioni saranno rese note quanto prima. Il Consiglio comunale si è radunato nella sala maggiore del palazzo, e dopo lunga discussione ha approvato il bilancio proposto dalla Giunta. Si annunzia inoltre che il servigio dei piroscafi fra questo porto e Trieste sarà ripreso col giorno primo del mese venturo, con le solite partenze. Dopo le notizie giunte da varie parti, il Governo ha stimato opportuno di pubblicare gli atti che seguono, affinchè il pubblico conosca lo stato delle cose e le disposizioni prese per mantenere l'ordine e la tranquillità. Le corrispondenze ricevute confermano che i lavori della Commissione procedono con regolarità, e che le deliberazioni saranno rese note quanto prima. Il Consiglio comunale si è radunato nella sala maggiore del palazzo, e dopo lunga discussione ha approvato il bilancio proposto dalla Giunta. Si annunzia inoltre che il servigio dei piroscafi fra questo porto e Trieste sarà ripreso col giorno primo del mese venturo, con le solite partenze.

Dopo le notizie giunte da varie parti, il Governo ha stimato opportuno di pubblicare gli atti che seguono, affinchè il pubblico conosca lo stato delle cose e le disposizioni prese per mantenere l'ordine e la tranquillità. Le corrispondenze ricevute confermano che i lavori della Commissione procedono con regolarità, e che le deliberazioni saranno rese note quanto prima. Il Consiglio comunale si è radunato nella sala maggiore del palazzo, e dopo lunga discussione ha approvato il bilancio proposto dalla Giunta. Si annunzia inoltre che il servigio dei piroscafi fra questo porto e Trieste sarà ripreso col giorno primo del mese venturo, con le solite partenze. Dopo le notizie giunte da varie parti, il Governo ha stimato opportuno di pubblicare gli atti che seguono, affinchè il pubblico conosca lo stato delle cose e le disposizioni prese per mantenere l'ordine e la tranquillità. Le corrispondenze ricevute confermano che i lavori della Commissione procedono con regolarità, e che le deliberazioni saranno rese note quanto prima. Il Consiglio comunale si è radunato nella sala maggiore del palazzo, e dopo lunga discussione ha approvato il bilancio proposto dalla Giunta. Si annunzia inoltre che il servigio dei piroscafi fra questo porto e Trieste sarà ripreso col giorno primo del mese venturo, con le solite partenze. Dopo le notizie giunte da varie parti, il Governo ha stimato opportuno di pubblicare gli atti che seguono, affinchè il pubblico conosca lo stato delle cose e le disposizioni prese per mantenere l'ordine e la tranquillità. Le corrispondenze ricevute confermano che i lavori della Commissione procedono con regolarità, e che le deliberazioni saranno rese note quanto prima. Il Consiglio comunale si è radunato nella sala maggiore del palazzo, e dopo lunga discussione ha approvato il bilancio proposto dalla Giunta. Si annunzia inoltre che il servigio dei piroscafi fra questo porto e Trieste sarà ripreso col giorno primo del mese venturo, con le solite partenze.

Dopo le notizie giunte da varie parti, il Governo ha stimato opportuno di pubblicare gli atti che seguono, affinchè il pubblico conosca lo stato delle cose e le disposizioni prese per mantenere l'ordine e la tranquillità. Le corrispondenze ricevute confermano che i lavori della Commissione procedono con regolarità, e che le deliberazioni saranno rese note quanto prima. Il Consiglio comunale si è radunato nella sala maggiore del palazzo, e dopo lunga discussione ha approvato il bilancio proposto dalla Giunta. Si annunzia inoltre che il servigio dei piroscafi fra questo porto e Trieste sarà ripreso col giorno primo del mese venturo, con le solite partenze. Dopo le notizie giunte da varie parti, il Governo ha stimato opportuno di pubblicare gli atti che seguono, affinchè il pubblico conosca lo stato delle cose e le disposizioni prese per mantenere l'ordine e la tranquillità. Le corrispondenze ricevute confermano che i lavori della Commissione procedono con regolarità, e che le deliberazioni saranno rese note quanto prima. Il Consiglio comunale si è radunato nella sala maggiore del palazzo, e dopo lunga discussione ha approvato il bilancio proposto dalla Giunta. Si annunzia inoltre che il servigio dei piroscafi fra questo porto e Trieste sarà ripreso col giorno primo del mese venturo, con le solite partenze. Dopo le notizie giunte da varie parti, il Governo ha stimato opportuno di pubblicare gli atti che seguono, affinchè il pubblico conosca lo stato delle cose e le disposizioni prese per mantenere l'ordine e la tranquillità. Le corrispondenze ricevute confermano che i lavori della Commissione procedono con regolarità, e che le deliberazioni saranno rese note quanto prima. Il Consiglio comunale si è radunato nella sala maggiore del palazzo, e dopo lunga discussione ha approvato il bilancio proposto dalla Giunta. Si annunzia inoltre che il servigio dei piroscafi fra questo porto e Trieste sarà ripreso col giorno primo del mese venturo, con le solite partenze. Dopo le notizie giunte da varie parti, il Governo ha stimato opportuno di pubblicare gli atti che seguono, affinchè il pubblico conosca lo stato delle cose e le disposizioni prese per mantenere l'ordine e la tranquillità. Le corrispondenze ricevute confermano che i lavori della Commissione procedono con regolarità, e che le deliberazioni saranno rese note quanto prima. Il Consiglio comunale si è radunato nella sala maggiore del palazzo, e dopo lunga discussione ha approvato il bilancio proposto dalla Giunta. Si annunzia inoltre che il servigio dei piroscafi fra questo porto e Trieste sarà ripreso col giorno primo del mese venturo, con le solite partenze.

F. G. Giraudino sulla quarta pagina.
